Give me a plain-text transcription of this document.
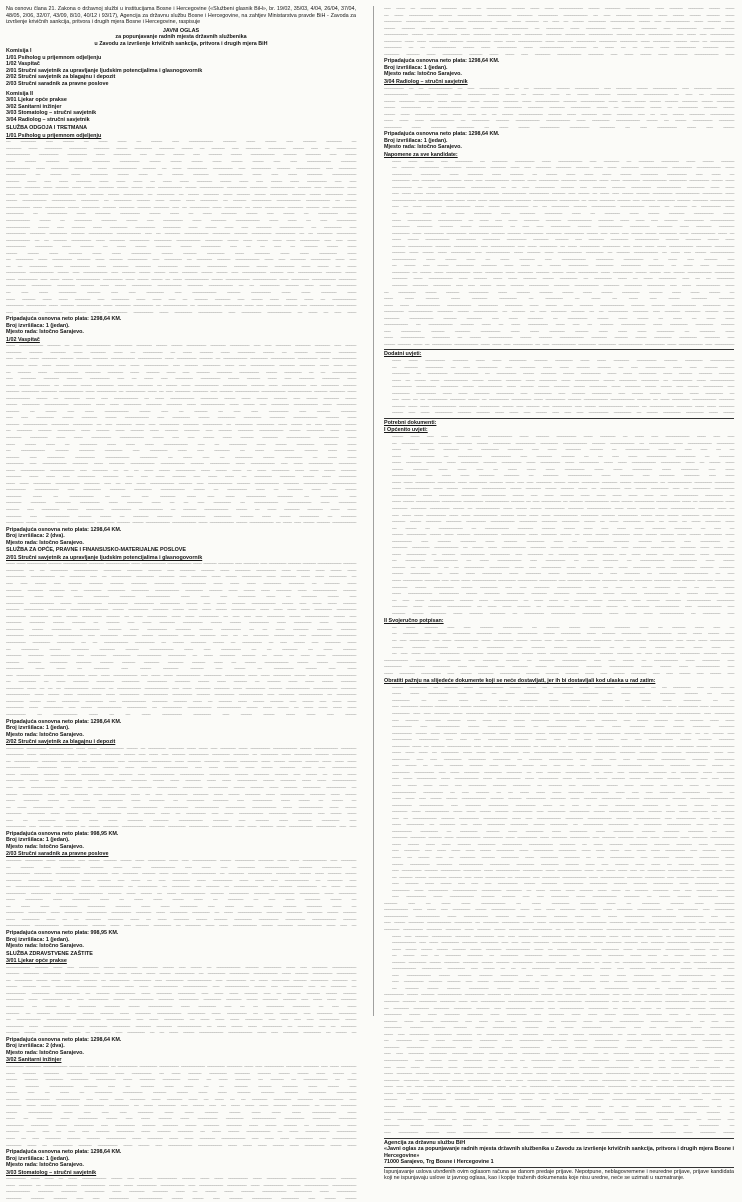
Na osnovu člana 21. Zakona o državnoj službi u institucijama Bosne i Hercegovine («Službeni glasnik BiH», br. 19/02, 35/03, 4/04, 26/04, 37/04, 48/05, 2/06, 32/07, 43/09, 8/10, 40/12 i 93/17), Agencija za državnu službu Bosne i Hercegovine, na zahtjev Ministarstva pravde BiH - Zavoda za izvršenje krivičnih sankcija, pritvora i drugih mjera Bosne i Hercegovine, raspisuje

JAVNI OGLAS

za popunjavanje radnih mjesta državnih službenika

u Zavodu za izvršenje krivičnih sankcija, pritvora i drugih mjera BiH

Komisija I

1/01 Psiholog u prijemnom odjeljenju

1/02 Vaspitač

2/01 Stručni savjetnik za upravljanje ljudskim potencijalima i glasnogovornik

2/02 Stručni savjetnik za blagajnu i depozit

2/03 Stručni saradnik za pravne poslove

Komisija II

3/01 Ljekar opće prakse

3/02 Sanitarni inžinjer

3/03 Stomatolog – stručni savjetnik

3/04 Radiolog – stručni savjetnik

SLUŽBA ODGOJA I TRETMANA

1/01 Psiholog u prijemnom odjeljenju

‒‒ ‒‒‒‒‒‒‒ ‒‒‒ ‒‒‒‒‒ ‒‒ ‒‒‒‒ ‒‒‒‒ ‒‒ ‒‒‒‒‒ ‒‒‒ ‒‒‒‒‒‒‒‒‒‒‒ ‒‒‒‒‒‒ ‒‒‒‒ ‒‒‒‒‒ ‒‒‒ ‒‒‒‒‒‒ ‒‒‒‒‒‒‒ ‒‒
‒‒‒‒‒‒‒ ‒‒‒‒ ‒‒‒‒‒‒‒‒ ‒‒‒‒‒‒‒‒ ‒‒‒‒‒‒‒ ‒‒‒‒‒ ‒‒‒‒‒‒‒‒ ‒‒‒‒‒‒‒ ‒‒‒‒‒ ‒‒ ‒‒‒‒‒‒ ‒‒‒ ‒‒‒‒‒‒‒ ‒‒‒‒‒‒‒‒ ‒‒‒‒‒ ‒‒‒ ‒‒ ‒‒‒‒‒‒‒‒‒
‒‒‒‒‒‒‒‒‒‒‒ ‒‒‒‒‒‒‒‒‒ ‒‒‒‒‒‒‒‒‒ ‒‒‒‒ ‒‒‒‒‒‒‒‒ ‒‒‒ ‒‒‒‒ ‒‒‒‒‒ ‒‒‒ ‒‒‒‒‒‒ ‒‒‒‒‒ ‒‒‒‒‒‒‒‒‒‒‒ ‒‒‒‒‒‒ ‒‒‒‒‒‒‒ ‒‒‒ ‒‒‒‒‒
‒‒‒‒ ‒‒‒‒‒ ‒‒‒‒‒‒ ‒‒‒‒‒‒ ‒‒‒‒‒‒‒‒ ‒‒‒‒‒‒‒‒‒ ‒‒‒‒‒ ‒‒‒‒‒ ‒‒‒‒‒ ‒‒‒‒ ‒‒‒‒‒ ‒‒‒‒‒ ‒‒‒ ‒‒‒ ‒‒‒‒‒‒‒‒‒‒‒ ‒‒‒‒‒‒‒
‒‒‒‒‒‒‒‒‒‒‒ ‒‒‒‒ ‒‒‒‒‒‒‒‒ ‒‒‒‒‒‒‒‒ ‒‒‒‒ ‒‒‒‒‒‒‒‒‒‒‒ ‒‒‒‒‒‒ ‒‒ ‒‒‒‒ ‒‒‒‒‒‒‒‒‒ ‒‒‒‒‒‒‒‒‒ ‒‒‒ ‒‒‒‒‒‒‒‒‒ ‒‒‒‒‒‒ ‒‒‒‒‒‒‒‒‒‒‒ ‒‒‒ ‒‒‒‒‒‒‒‒
‒‒‒‒‒‒‒‒‒ ‒‒ ‒‒‒‒‒ ‒‒‒‒ ‒‒‒‒‒‒‒‒ ‒‒‒‒‒ ‒‒‒‒ ‒‒ ‒‒‒‒‒ ‒‒‒‒‒‒‒ ‒‒‒‒‒‒‒‒‒‒‒ ‒‒‒‒ ‒‒‒ ‒‒‒‒ ‒‒‒‒‒‒‒ ‒‒‒‒‒‒‒‒‒‒‒
‒‒‒‒‒‒ ‒‒‒‒ ‒‒‒ ‒‒‒‒ ‒‒‒‒‒‒‒ ‒‒‒‒ ‒‒‒‒ ‒‒‒‒ ‒‒ ‒‒‒‒ ‒‒‒‒ ‒‒‒‒‒‒‒ ‒‒‒‒‒ ‒‒‒‒ ‒‒‒ ‒‒‒‒‒ ‒‒‒‒ ‒‒‒‒‒‒‒‒‒ ‒‒‒ ‒‒‒
‒‒‒‒‒‒‒ ‒‒‒‒‒‒‒ ‒‒‒‒ ‒‒‒‒‒‒ ‒‒‒‒ ‒‒‒‒‒ ‒‒‒‒‒‒‒ ‒‒‒‒‒ ‒‒‒‒‒ ‒‒‒‒ ‒‒‒‒‒‒‒‒‒‒‒ ‒‒‒‒‒ ‒‒‒‒‒‒‒‒‒‒‒ ‒‒‒‒‒‒‒‒‒ ‒‒‒‒‒‒‒‒ ‒‒‒‒‒‒‒‒‒‒‒ ‒‒‒‒‒‒ ‒‒‒ ‒‒‒‒‒‒‒‒‒ ‒‒‒‒
‒‒‒‒ ‒‒‒‒ ‒‒‒‒‒‒‒ ‒‒‒‒‒‒‒‒‒ ‒‒‒‒ ‒‒‒‒‒‒ ‒‒‒‒‒ ‒‒‒‒‒‒‒‒‒ ‒‒ ‒‒‒‒‒‒‒‒ ‒‒ ‒‒‒‒‒ ‒‒‒‒‒‒‒ ‒‒‒‒ ‒‒‒‒‒‒ ‒‒‒‒‒ ‒‒‒‒‒‒‒‒ ‒‒‒‒‒‒ ‒‒‒‒‒ ‒‒‒‒‒‒‒‒ ‒‒‒‒
‒‒‒‒‒ ‒‒‒‒‒‒‒‒‒‒‒ ‒‒‒‒‒‒‒‒‒‒‒ ‒‒‒‒‒‒‒‒ ‒‒ ‒‒‒‒‒‒‒‒ ‒‒‒‒‒‒ ‒‒‒‒ ‒‒‒‒‒ ‒‒‒‒ ‒‒‒‒‒‒‒‒ ‒‒ ‒‒‒‒‒‒ ‒‒‒‒‒‒‒‒‒ ‒‒‒‒‒‒‒‒‒‒‒ ‒‒‒‒‒‒‒‒‒‒‒ ‒‒ ‒‒‒‒‒
‒‒‒‒‒‒‒‒‒‒‒ ‒‒‒‒ ‒‒‒‒‒‒‒‒‒ ‒‒‒‒‒ ‒‒‒‒‒‒‒‒ ‒‒‒‒‒‒ ‒‒‒‒‒‒‒ ‒‒‒‒‒‒ ‒‒‒‒‒‒‒ ‒‒‒ ‒‒ ‒‒‒‒‒‒‒‒‒ ‒‒‒‒ ‒‒‒‒‒‒‒‒ ‒‒ ‒‒‒‒ ‒‒‒‒‒‒‒‒‒ ‒‒‒‒‒‒‒ ‒‒‒‒‒‒ ‒‒‒ ‒‒‒‒‒‒‒‒‒‒‒
‒‒‒‒‒‒‒‒ ‒‒ ‒‒‒‒‒‒‒‒‒ ‒‒‒‒ ‒‒‒‒‒‒‒ ‒‒‒‒‒‒‒‒‒ ‒‒‒‒‒ ‒‒‒‒ ‒‒ ‒‒‒‒ ‒‒‒‒‒‒‒ ‒‒‒‒‒ ‒‒‒ ‒‒‒‒‒ ‒‒ ‒‒‒‒‒‒‒‒‒ ‒‒‒‒
‒‒‒‒‒‒‒‒‒‒‒ ‒‒‒‒‒ ‒‒ ‒‒‒‒‒‒‒‒ ‒‒‒‒‒‒‒ ‒‒‒‒‒ ‒‒‒ ‒‒‒‒‒‒‒‒‒ ‒‒‒‒ ‒‒‒‒‒‒‒ ‒‒‒‒‒‒‒‒‒‒‒ ‒‒‒‒ ‒‒‒‒ ‒‒ ‒‒‒ ‒‒‒‒‒‒‒‒‒
‒‒‒‒‒‒‒‒‒‒‒ ‒‒‒‒‒ ‒‒‒ ‒‒‒‒‒‒ ‒‒‒‒ ‒‒‒‒‒‒‒‒ ‒‒‒‒‒‒‒‒‒ ‒‒‒‒‒‒‒‒ ‒‒‒‒ ‒‒‒‒‒ ‒‒‒‒ ‒‒‒ ‒‒‒‒‒‒‒ ‒‒‒‒‒‒‒‒‒‒‒ ‒‒ ‒‒‒‒‒‒‒‒ ‒‒‒
‒‒‒‒‒‒‒‒‒ ‒‒‒‒‒‒‒ ‒‒‒‒‒‒‒‒ ‒‒‒‒‒‒ ‒‒‒‒‒‒‒‒‒‒‒ ‒‒‒‒‒‒‒‒‒‒‒ ‒‒‒ ‒‒ ‒‒‒‒‒‒‒ ‒‒‒‒‒‒‒‒‒‒‒ ‒‒‒‒‒‒‒‒ ‒‒‒‒‒‒ ‒‒‒‒‒‒‒‒‒ ‒‒‒‒‒‒‒‒‒ ‒‒ ‒‒ ‒‒‒‒‒‒‒ ‒‒‒‒‒‒‒‒‒
‒‒‒‒‒‒‒‒‒‒‒ ‒‒ ‒‒ ‒‒‒‒‒‒ ‒‒‒‒‒‒‒‒‒ ‒‒‒‒ ‒‒‒‒‒‒‒ ‒‒‒‒‒‒‒‒‒ ‒‒‒‒‒‒‒‒ ‒‒‒‒‒‒‒‒‒‒‒ ‒‒‒‒‒‒‒‒ ‒‒‒‒‒ ‒‒‒‒ ‒‒‒‒‒ ‒‒‒‒ ‒‒‒‒ ‒‒‒‒‒‒‒‒‒ ‒‒‒ ‒‒‒ ‒‒‒‒
‒‒‒‒‒‒‒‒‒ ‒‒‒‒‒‒‒‒ ‒‒‒‒ ‒‒‒‒‒‒ ‒‒ ‒‒‒‒ ‒‒‒‒‒ ‒‒‒‒‒‒‒ ‒‒‒‒‒ ‒‒‒‒‒‒‒‒‒ ‒‒‒ ‒‒ ‒‒ ‒‒‒ ‒‒ ‒‒‒‒‒‒ ‒‒‒‒‒ ‒‒‒‒
‒‒‒‒‒ ‒‒‒‒‒ ‒‒‒‒ ‒‒‒‒‒‒ ‒‒‒‒ ‒‒‒‒ ‒‒‒‒‒‒‒‒‒ ‒‒‒‒‒ ‒‒‒‒‒‒ ‒‒‒‒‒‒‒‒ ‒‒‒‒ ‒‒‒‒‒‒‒ ‒‒‒‒ ‒‒‒‒ ‒‒‒‒‒‒‒‒ ‒‒‒‒
‒‒ ‒‒‒‒‒‒‒‒ ‒‒‒‒ ‒‒‒‒‒‒‒‒‒ ‒‒‒‒‒‒ ‒‒‒‒ ‒‒‒‒‒‒ ‒‒‒‒‒‒‒‒‒ ‒‒‒ ‒‒‒‒‒‒‒‒ ‒‒ ‒‒‒‒‒‒‒ ‒‒‒‒‒‒ ‒‒‒‒‒‒‒‒‒‒‒ ‒‒‒‒ ‒‒‒ ‒‒‒‒‒‒‒ ‒‒‒‒‒‒‒‒‒ ‒‒‒‒ ‒‒‒
‒‒ ‒‒ ‒‒‒‒‒‒‒‒ ‒‒‒‒ ‒‒‒‒‒‒‒‒‒ ‒‒‒‒ ‒‒‒‒‒‒‒ ‒‒‒‒‒‒‒ ‒‒‒‒‒‒‒‒‒ ‒‒‒‒‒‒‒ ‒‒‒‒‒‒‒‒‒ ‒‒‒‒‒‒‒ ‒‒‒‒‒ ‒‒‒‒‒‒‒‒‒ ‒‒‒‒ ‒‒‒‒‒ ‒‒ ‒‒‒‒
‒‒‒‒‒‒‒‒‒ ‒‒‒‒‒‒‒‒‒‒‒ ‒‒‒‒‒ ‒‒‒ ‒‒‒‒‒‒‒‒‒‒‒ ‒‒‒ ‒‒‒‒‒‒ ‒‒‒‒‒ ‒‒‒‒‒ ‒‒‒‒ ‒‒‒‒‒‒‒ ‒‒‒‒‒ ‒‒‒‒‒ ‒‒‒ ‒‒‒‒‒‒‒‒‒‒‒ ‒‒‒‒‒‒ ‒‒‒ ‒‒‒‒‒‒‒‒‒‒‒ ‒‒‒‒‒‒‒ ‒‒‒‒‒
‒‒‒‒ ‒‒‒‒‒‒‒‒‒ ‒‒‒ ‒‒‒‒ ‒‒‒‒‒ ‒‒‒‒‒‒‒‒‒‒‒ ‒‒‒‒‒‒‒‒‒ ‒‒‒‒ ‒‒‒‒‒ ‒‒‒‒‒ ‒‒ ‒‒‒‒ ‒‒‒‒‒‒‒‒‒‒‒ ‒‒‒‒‒ ‒‒‒‒‒‒‒‒‒‒‒ ‒‒‒‒‒‒‒‒‒‒‒ ‒‒‒‒ ‒‒‒‒‒‒‒‒ ‒‒‒‒‒‒‒‒‒‒‒ ‒‒‒‒‒‒‒‒
‒‒‒‒‒‒‒‒‒ ‒‒‒‒‒‒‒‒‒ ‒‒‒‒‒‒‒‒ ‒‒‒‒‒‒ ‒‒‒‒ ‒‒‒‒‒ ‒‒‒‒‒‒‒‒‒ ‒‒‒‒‒‒‒‒‒‒‒ ‒‒‒‒‒‒‒ ‒‒‒‒‒‒‒‒‒‒‒ ‒‒ ‒‒ ‒‒‒‒‒‒‒‒‒ ‒‒‒‒‒‒ ‒‒‒‒ ‒‒‒‒‒ ‒‒‒‒‒‒‒‒‒
‒‒ ‒‒‒ ‒‒‒‒ ‒‒‒‒‒‒‒‒ ‒‒‒‒‒‒ ‒‒‒ ‒‒‒ ‒‒‒‒‒‒‒‒ ‒‒‒ ‒‒‒‒‒‒‒‒‒‒‒ ‒‒‒‒‒‒ ‒‒‒‒‒‒‒‒‒ ‒‒‒‒ ‒‒‒‒ ‒‒‒‒‒‒‒ ‒‒‒‒
‒‒‒‒ ‒‒‒‒‒‒ ‒‒‒‒ ‒‒‒‒ ‒‒‒‒‒‒‒ ‒‒‒ ‒‒‒‒‒‒‒‒ ‒‒‒‒ ‒‒‒‒ ‒‒‒ ‒‒ ‒‒‒‒‒‒ ‒‒‒‒‒‒‒ ‒‒‒ ‒‒‒‒‒ ‒‒‒‒ ‒‒‒‒‒ ‒‒‒‒ ‒‒ ‒‒‒‒‒‒‒‒‒‒‒
‒‒‒‒‒‒‒‒ ‒‒‒‒‒‒‒‒‒ ‒‒‒‒ ‒‒‒‒‒‒ ‒‒‒‒‒‒‒‒‒‒‒ ‒‒‒‒ ‒‒‒‒‒‒‒ ‒‒‒‒‒‒‒‒‒ ‒‒ ‒‒‒‒‒‒‒‒‒‒‒ ‒‒ ‒‒‒‒‒‒‒‒‒‒‒ ‒‒‒‒‒‒‒‒ ‒‒‒‒ ‒‒‒ ‒‒‒‒‒‒‒ ‒‒‒‒‒‒ ‒‒‒ ‒‒‒‒‒‒‒‒‒‒‒ ‒‒‒‒‒‒‒‒‒
‒‒‒ ‒‒‒‒‒‒‒‒‒ ‒‒‒‒‒‒‒‒ ‒‒‒‒‒‒‒‒ ‒‒‒‒ ‒‒‒‒‒‒‒‒‒ ‒‒‒‒‒‒‒‒‒ ‒‒‒‒ ‒‒‒‒‒‒‒‒ ‒‒‒‒‒‒‒‒‒‒‒ ‒‒‒ ‒‒‒‒‒‒‒‒‒ ‒‒‒‒‒‒‒‒‒‒‒ ‒‒ ‒‒‒‒ ‒‒ ‒‒‒ ‒‒‒‒

Pripadajuća osnovna neto plata: 1298,64 KM.

Broj izvršilaca: 1 (jedan).

Mjesto rada: Istočno Sarajevo.

1/02 Vaspitač

‒‒‒‒ ‒‒‒‒‒‒‒‒‒‒‒ ‒‒‒‒‒‒ ‒‒ ‒‒‒‒ ‒‒‒‒‒‒‒‒‒‒‒ ‒‒‒‒‒‒‒‒ ‒‒‒‒‒‒‒ ‒‒‒‒‒ ‒‒‒‒‒ ‒‒‒‒‒‒‒‒‒ ‒‒‒‒‒‒‒ ‒‒‒‒‒‒‒‒‒ ‒‒‒ ‒‒‒ ‒‒‒‒‒‒‒ ‒‒‒‒‒‒‒ ‒‒‒‒‒‒‒ ‒‒‒ ‒‒‒‒‒
‒‒‒‒‒‒‒ ‒‒‒‒‒‒ ‒‒‒‒‒‒‒ ‒‒‒‒ ‒‒‒‒‒‒‒ ‒‒‒‒ ‒‒ ‒‒‒‒‒‒‒‒‒ ‒‒ ‒‒‒‒ ‒‒‒‒‒‒ ‒‒‒‒ ‒‒‒‒‒‒‒‒ ‒‒‒‒‒ ‒‒ ‒‒‒‒‒‒ ‒‒‒‒‒‒‒ ‒‒‒‒‒‒‒‒
‒‒‒ ‒‒‒‒‒ ‒‒‒‒ ‒‒‒‒‒‒‒ ‒‒‒‒‒‒ ‒‒‒‒‒‒ ‒‒‒‒‒‒‒ ‒‒‒‒‒‒‒‒‒‒‒ ‒‒‒‒‒‒‒‒‒‒‒ ‒‒‒‒ ‒‒‒‒‒‒‒‒‒ ‒‒‒‒‒‒ ‒‒ ‒‒‒‒‒‒‒‒‒‒‒ ‒‒‒‒‒‒‒‒ ‒‒‒‒‒‒‒‒‒‒‒ ‒‒‒‒‒‒‒‒‒ ‒‒‒‒ ‒‒‒‒‒‒‒‒‒‒‒
‒‒‒‒‒‒‒‒ ‒‒‒‒ ‒‒‒‒ ‒‒‒‒‒‒ ‒‒‒‒‒‒‒‒ ‒‒‒‒‒‒‒‒ ‒‒‒ ‒‒‒‒ ‒‒‒‒‒‒‒‒‒‒‒ ‒‒‒ ‒‒‒‒‒‒ ‒‒‒‒‒‒‒‒ ‒‒‒‒ ‒‒‒ ‒‒‒‒‒‒‒‒‒‒‒ ‒‒‒‒‒‒‒ ‒‒‒‒‒‒‒ ‒‒‒‒ ‒‒‒‒ ‒‒‒‒
‒‒ ‒‒‒‒‒‒ ‒‒‒‒ ‒‒‒‒‒‒‒‒‒‒‒ ‒‒‒‒‒‒‒ ‒‒‒‒‒‒‒ ‒‒‒‒ ‒‒‒‒‒‒ ‒‒‒‒ ‒‒‒ ‒‒‒‒‒‒ ‒‒‒‒‒‒‒ ‒‒‒‒‒‒‒‒‒ ‒‒‒‒‒ ‒‒‒‒‒‒‒‒ ‒‒ ‒‒ ‒‒‒‒‒‒‒‒‒‒‒
‒‒‒ ‒‒‒‒‒‒‒ ‒‒‒‒‒‒‒ ‒‒‒‒‒‒‒ ‒‒‒‒‒‒‒‒‒ ‒‒‒ ‒‒ ‒‒‒‒ ‒‒‒ ‒‒‒‒‒‒‒‒ ‒‒‒‒‒‒‒‒‒ ‒‒‒‒‒ ‒‒‒‒‒‒ ‒‒‒‒ ‒‒‒ ‒‒‒‒‒‒‒ ‒‒‒‒‒‒‒‒ ‒‒‒‒
‒‒‒‒ ‒‒‒‒‒ ‒‒‒‒‒‒‒ ‒‒ ‒‒‒‒‒‒ ‒‒‒‒‒ ‒‒‒‒‒‒‒‒ ‒‒‒‒‒‒‒ ‒‒‒‒‒‒‒ ‒‒ ‒‒‒‒‒ ‒‒‒‒ ‒‒‒‒‒‒‒‒‒‒‒ ‒‒‒‒‒‒‒‒‒‒‒ ‒‒‒‒‒‒ ‒‒‒‒ ‒‒‒‒‒‒‒‒‒‒‒ ‒‒‒ ‒‒‒‒‒‒‒‒ ‒‒‒‒‒‒
‒‒‒‒‒‒ ‒‒‒‒‒‒‒‒ ‒‒‒‒‒‒‒ ‒‒‒‒‒‒‒‒‒‒‒ ‒‒‒‒ ‒‒‒‒‒‒‒‒‒ ‒‒ ‒‒‒‒‒‒‒‒‒ ‒‒‒‒ ‒‒ ‒‒‒ ‒‒‒‒‒‒‒ ‒‒‒‒‒‒‒ ‒‒‒ ‒‒‒‒‒‒ ‒‒‒‒‒‒‒‒‒‒‒ ‒‒‒‒‒‒‒‒‒‒‒ ‒‒‒‒‒‒‒‒‒‒‒ ‒‒‒‒‒‒ ‒‒‒‒‒‒‒ ‒‒‒‒
‒‒‒‒‒‒‒‒‒‒‒ ‒‒‒‒‒ ‒‒ ‒‒‒‒‒‒‒ ‒‒‒‒ ‒‒‒ ‒‒‒‒‒‒‒‒‒‒‒ ‒‒ ‒‒‒‒ ‒‒‒‒‒‒‒‒‒‒‒ ‒‒‒‒‒‒‒‒ ‒‒‒‒‒ ‒‒‒‒ ‒‒‒‒‒ ‒‒‒‒‒‒ ‒‒‒ ‒‒‒‒‒ ‒‒‒‒‒‒‒ ‒‒‒‒‒
‒‒‒‒‒ ‒‒‒‒‒‒‒‒ ‒‒‒‒‒‒‒‒‒‒‒ ‒‒‒‒‒‒‒‒ ‒‒‒‒ ‒‒‒‒ ‒‒‒‒‒‒‒‒ ‒‒‒‒‒‒‒ ‒‒‒‒‒‒‒ ‒‒‒‒ ‒‒‒‒‒‒‒‒‒‒‒ ‒‒‒‒ ‒‒‒‒‒ ‒‒‒ ‒‒‒‒‒‒‒‒ ‒‒‒‒‒‒‒‒‒‒‒ ‒‒‒‒ ‒‒‒‒‒‒‒‒‒
‒‒‒‒‒‒ ‒‒ ‒‒‒‒‒ ‒‒‒ ‒‒‒‒ ‒‒‒‒‒‒‒‒‒‒‒ ‒‒‒‒‒ ‒‒‒ ‒‒ ‒‒‒‒‒‒ ‒‒ ‒‒‒ ‒‒‒ ‒‒‒‒‒‒‒‒‒ ‒‒‒ ‒‒‒‒‒‒ ‒‒‒‒‒‒‒
‒‒‒ ‒‒‒ ‒‒‒‒‒‒‒‒ ‒‒‒‒‒ ‒‒‒‒‒‒‒ ‒‒‒‒‒ ‒‒‒‒‒‒‒‒‒‒‒ ‒‒‒ ‒‒‒‒‒‒‒‒ ‒‒‒‒‒ ‒‒‒‒‒‒‒‒ ‒‒‒‒‒‒‒‒ ‒‒‒‒‒‒‒ ‒‒‒‒‒‒‒‒‒‒‒ ‒‒‒‒‒‒ ‒‒‒‒
‒‒‒‒‒‒ ‒‒‒‒‒‒‒‒‒‒‒ ‒‒‒‒‒‒‒‒ ‒‒‒‒‒‒‒‒‒ ‒‒ ‒‒‒ ‒‒‒‒‒‒‒ ‒‒‒‒ ‒‒‒ ‒‒‒‒‒‒‒‒‒ ‒‒‒‒‒‒‒ ‒‒‒‒‒‒‒‒‒ ‒‒ ‒‒‒‒‒‒‒‒ ‒‒‒‒‒‒‒‒ ‒‒‒‒ ‒‒‒‒‒ ‒‒ ‒‒‒ ‒‒‒‒‒‒‒ ‒‒‒‒‒
‒‒ ‒‒‒‒‒‒‒ ‒‒‒‒‒‒ ‒‒‒‒‒‒‒‒ ‒‒‒‒ ‒‒‒‒‒‒ ‒‒‒‒ ‒‒‒‒‒‒ ‒‒‒‒ ‒‒‒‒‒‒ ‒‒‒‒‒‒‒ ‒‒‒ ‒‒‒‒‒‒ ‒‒‒‒‒‒‒ ‒‒‒‒‒‒‒‒‒‒‒ ‒‒‒‒‒ ‒‒‒‒‒‒‒‒ ‒‒‒‒ ‒‒‒‒‒
‒‒‒‒‒‒‒ ‒‒‒‒‒‒‒‒ ‒‒‒‒ ‒‒‒‒ ‒‒‒‒‒‒‒‒‒ ‒‒‒‒‒‒‒‒‒‒‒ ‒‒‒‒‒ ‒‒‒ ‒‒‒ ‒‒‒‒‒ ‒‒‒‒ ‒‒‒‒‒‒ ‒‒‒‒‒‒‒ ‒‒‒‒‒‒‒‒‒‒‒ ‒‒‒‒‒‒‒‒‒ ‒‒‒‒
‒‒‒‒ ‒‒‒‒‒ ‒‒‒‒ ‒‒ ‒‒‒‒‒‒‒‒ ‒‒‒‒ ‒‒‒‒ ‒‒‒‒ ‒‒‒‒‒‒‒‒‒‒‒ ‒‒‒ ‒‒ ‒‒‒‒‒‒‒‒ ‒‒‒‒ ‒‒‒‒‒ ‒‒‒‒‒‒‒‒ ‒‒‒‒‒‒ ‒‒‒‒
‒‒ ‒‒‒‒‒‒‒‒‒‒‒ ‒‒‒‒‒‒ ‒‒‒‒‒‒‒ ‒‒‒‒‒‒‒‒ ‒‒‒ ‒‒‒‒‒‒‒‒ ‒‒‒‒ ‒‒‒ ‒‒‒‒‒‒‒ ‒‒ ‒‒‒‒ ‒‒‒‒‒‒‒‒‒ ‒‒‒‒‒‒ ‒‒‒‒ ‒‒‒‒
‒‒‒‒‒‒ ‒‒‒ ‒‒‒‒‒‒‒‒ ‒‒‒‒‒‒‒‒‒ ‒‒‒‒‒‒‒‒‒‒‒ ‒‒‒‒‒‒‒‒ ‒‒ ‒‒‒‒ ‒‒‒ ‒‒ ‒‒‒‒‒‒‒‒ ‒‒‒‒‒ ‒‒‒‒‒‒‒‒ ‒‒ ‒‒‒‒ ‒‒‒‒
‒‒‒‒‒‒‒‒ ‒‒‒ ‒‒‒‒‒‒‒‒‒‒‒ ‒‒‒‒‒‒‒ ‒‒‒‒ ‒‒‒‒‒‒‒ ‒‒‒‒‒‒‒‒‒‒‒ ‒‒‒‒‒‒‒‒‒‒‒ ‒‒‒‒‒‒ ‒‒‒‒‒‒‒‒‒ ‒‒‒‒ ‒‒‒‒‒‒‒‒‒‒‒ ‒‒‒ ‒‒‒‒ ‒‒‒‒‒‒‒‒‒‒‒ ‒‒‒‒‒‒‒‒
‒‒‒‒ ‒‒‒‒‒‒‒‒‒‒‒ ‒‒‒‒‒‒‒‒‒‒‒ ‒‒‒ ‒‒‒‒‒‒‒ ‒‒ ‒‒ ‒‒ ‒‒‒‒ ‒‒‒‒‒ ‒‒‒‒‒‒‒‒‒ ‒‒‒‒ ‒‒‒‒‒ ‒‒‒‒ ‒‒ ‒‒‒‒ ‒‒‒‒‒‒‒‒ ‒‒‒‒ ‒‒‒‒ ‒‒‒‒‒ ‒‒‒‒‒‒‒
‒‒‒‒‒‒‒ ‒‒‒‒ ‒‒‒‒ ‒‒‒ ‒‒‒‒‒‒‒‒ ‒‒‒‒‒‒‒ ‒‒‒ ‒‒‒ ‒‒‒‒ ‒‒‒‒‒‒ ‒‒‒ ‒‒‒‒ ‒‒‒‒ ‒‒ ‒‒‒‒‒‒‒‒ ‒‒‒‒‒‒‒ ‒‒‒‒‒ ‒‒‒‒ ‒‒‒‒‒‒‒‒
‒‒‒‒ ‒‒‒‒ ‒‒‒‒‒‒‒‒ ‒‒‒‒‒‒‒‒‒‒‒ ‒‒‒‒‒‒‒ ‒‒‒ ‒‒ ‒‒‒ ‒‒‒‒ ‒‒‒‒‒‒‒‒‒‒‒ ‒‒‒‒‒‒ ‒‒‒ ‒‒‒‒‒‒‒‒‒‒‒ ‒‒‒‒‒‒ ‒‒‒‒‒‒‒‒‒‒‒ ‒‒‒‒‒‒‒ ‒‒‒‒‒‒‒‒‒‒‒ ‒‒‒‒‒‒‒‒‒‒‒
‒‒‒‒‒‒‒‒‒ ‒‒‒‒‒‒‒‒‒‒‒ ‒‒‒ ‒‒‒‒‒‒‒‒ ‒‒‒‒‒‒‒ ‒‒‒‒‒‒‒‒ ‒‒‒‒‒‒‒‒‒‒‒ ‒‒‒‒‒ ‒‒ ‒‒‒‒‒‒‒‒‒ ‒‒‒‒ ‒‒ ‒‒‒‒‒‒‒ ‒‒‒‒ ‒‒‒ ‒‒‒‒‒
‒‒‒‒‒‒‒ ‒‒‒‒ ‒‒ ‒‒‒‒‒‒‒‒‒‒‒ ‒‒ ‒‒‒‒ ‒‒‒ ‒‒‒‒‒‒‒ ‒‒‒‒ ‒‒‒ ‒‒‒‒ ‒‒‒‒‒‒‒‒‒ ‒‒‒‒‒‒‒ ‒‒ ‒‒‒‒‒‒‒‒ ‒‒‒
‒‒‒‒‒‒‒ ‒‒‒‒‒‒‒ ‒‒‒‒‒‒‒ ‒‒‒‒‒‒‒‒‒ ‒‒‒‒ ‒‒‒‒‒‒‒ ‒‒‒‒ ‒‒ ‒‒ ‒‒‒ ‒‒‒‒‒‒‒‒ ‒‒ ‒‒‒‒‒‒‒‒‒‒‒ ‒‒‒‒‒‒‒‒‒‒‒ ‒‒‒‒ ‒‒‒‒‒‒‒‒
‒‒‒‒‒‒ ‒‒‒ ‒‒‒‒‒‒‒‒ ‒‒‒‒‒ ‒‒‒‒‒‒‒‒ ‒‒‒‒‒‒‒‒‒ ‒‒‒‒‒‒‒‒‒‒‒ ‒‒ ‒‒‒‒‒‒ ‒‒‒‒‒‒‒‒‒‒‒ ‒‒‒‒‒ ‒‒ ‒‒‒‒ ‒‒‒‒‒‒‒ ‒‒‒‒‒‒‒ ‒‒‒‒ ‒‒‒‒
‒‒‒‒‒‒‒ ‒‒‒ ‒‒‒‒‒‒‒‒‒‒‒ ‒‒‒‒‒‒ ‒‒‒‒‒ ‒‒ ‒‒‒‒‒‒‒ ‒‒‒‒‒‒‒ ‒‒‒‒‒‒‒‒‒‒‒ ‒‒‒‒‒‒‒‒ ‒‒‒‒‒‒ ‒‒‒‒ ‒‒‒‒‒ ‒‒‒‒‒‒‒‒‒ ‒‒ ‒‒‒‒‒‒‒
‒‒‒‒‒‒‒‒ ‒‒‒‒‒ ‒‒‒‒‒‒‒ ‒‒‒‒‒ ‒‒‒‒‒‒‒‒‒‒‒ ‒‒‒‒‒‒‒‒ ‒‒‒‒‒‒ ‒‒‒‒‒ ‒‒‒‒‒‒‒‒‒‒‒ ‒‒‒‒‒‒‒‒‒‒‒ ‒‒‒‒ ‒‒‒‒‒‒‒‒‒‒‒ ‒‒‒‒‒ ‒‒‒‒‒‒‒‒‒‒‒ ‒‒ ‒‒‒‒ ‒‒‒ ‒‒‒‒‒ ‒‒‒‒‒‒ ‒‒‒‒‒‒‒‒‒‒‒

Pripadajuća osnovna neto plata: 1298,64 KM.

Broj izvršilaca: 2 (dva).

Mjesto rada: Istočno Sarajevo.

SLUŽBA ZA OPĆE, PRAVNE I FINANSIJSKO-MATERIJALNE POSLOVE

2/01 Stručni savjetnik za upravljanje ljudskim potencijalima i glasnogovornik

‒‒‒‒ ‒‒‒‒ ‒‒‒‒‒‒‒‒‒ ‒‒‒‒‒‒ ‒‒‒‒‒‒‒‒‒‒‒ ‒‒‒‒‒‒‒ ‒‒‒‒‒‒‒‒‒‒‒ ‒‒‒‒ ‒‒‒‒‒‒‒‒‒‒‒ ‒‒‒‒‒‒‒‒‒‒‒ ‒‒‒‒ ‒‒‒‒‒‒ ‒‒‒‒‒‒‒ ‒‒‒ ‒‒‒‒‒‒‒ ‒‒‒ ‒‒‒‒‒‒‒‒ ‒‒‒‒‒‒ ‒‒‒‒‒‒ ‒‒‒‒‒‒‒‒‒‒‒ ‒‒‒‒‒‒
‒‒‒‒‒‒‒‒ ‒‒ ‒‒ ‒‒‒‒‒‒‒‒ ‒‒‒‒‒‒‒‒‒‒‒ ‒‒‒‒‒‒‒‒ ‒‒‒‒‒‒‒ ‒‒‒‒‒‒ ‒‒‒ ‒‒‒‒‒‒‒ ‒‒‒‒‒‒ ‒‒‒‒ ‒‒‒‒‒‒‒ ‒‒‒‒‒‒‒‒‒ ‒‒‒‒ ‒‒‒‒‒‒ ‒‒‒‒ ‒‒‒‒‒ ‒‒‒‒
‒‒‒‒‒‒‒‒‒ ‒‒‒‒‒‒‒‒‒‒‒ ‒‒ ‒‒‒‒‒‒‒ ‒‒‒ ‒‒ ‒‒‒‒‒‒‒‒‒ ‒‒‒‒‒‒‒‒ ‒‒‒‒‒‒‒ ‒‒‒ ‒‒‒‒‒‒‒ ‒‒‒‒ ‒‒‒‒‒ ‒‒‒‒‒‒‒‒‒ ‒‒‒‒ ‒‒‒‒‒‒‒ ‒‒‒‒ ‒‒‒‒ ‒‒‒‒‒‒‒‒ ‒‒
‒‒‒ ‒‒‒ ‒‒‒‒‒ ‒‒‒ ‒‒‒‒‒‒ ‒‒‒‒‒‒ ‒‒‒‒‒‒ ‒‒‒‒‒‒‒ ‒‒‒‒‒‒‒‒‒ ‒‒‒‒‒‒‒‒‒‒‒ ‒‒‒‒ ‒‒‒‒ ‒‒‒‒ ‒‒‒‒‒‒‒‒ ‒‒‒‒‒‒‒ ‒‒ ‒‒‒‒‒‒‒ ‒‒‒‒
‒‒‒‒‒‒‒ ‒‒‒‒‒‒‒ ‒‒‒‒‒‒‒ ‒‒‒ ‒‒‒‒‒‒‒‒ ‒‒‒‒‒‒‒‒ ‒‒‒‒‒‒‒‒ ‒‒‒‒‒‒‒‒‒‒‒ ‒‒‒‒‒‒‒‒ ‒‒‒‒‒‒ ‒‒‒‒ ‒‒‒‒‒ ‒‒‒‒ ‒‒‒‒‒‒‒ ‒‒‒‒ ‒‒‒‒‒‒‒‒‒‒‒ ‒‒‒‒‒‒
‒‒‒‒‒‒‒‒ ‒‒‒‒ ‒‒‒‒ ‒‒‒‒ ‒‒‒‒‒‒‒ ‒‒‒‒‒‒‒ ‒‒‒‒‒‒‒‒‒‒‒ ‒‒‒‒ ‒‒‒‒ ‒‒‒ ‒‒‒‒‒‒‒‒ ‒‒‒‒ ‒‒ ‒‒‒‒‒‒‒ ‒‒‒‒‒ ‒‒‒
‒‒‒‒‒‒‒‒ ‒‒‒‒‒‒‒‒‒‒‒ ‒‒‒‒‒ ‒‒‒‒‒‒‒‒‒‒‒ ‒‒‒‒‒‒‒‒‒ ‒‒‒‒‒‒‒‒‒ ‒‒‒‒‒‒‒‒‒ ‒‒‒‒‒ ‒‒‒ ‒‒‒‒ ‒‒‒‒‒‒ ‒‒‒‒‒‒‒‒‒‒‒ ‒‒‒‒‒ ‒‒‒ ‒‒‒‒ ‒‒‒‒ ‒‒‒‒‒‒
‒‒‒‒‒‒ ‒‒‒‒‒‒‒‒‒ ‒‒‒‒‒‒‒‒ ‒‒‒‒‒‒‒‒‒ ‒‒‒‒‒‒ ‒‒‒‒‒ ‒‒‒‒‒‒‒‒‒ ‒‒‒‒‒‒‒ ‒‒‒‒‒ ‒‒‒‒ ‒‒‒‒ ‒‒‒‒‒ ‒‒‒‒‒‒‒‒‒‒‒ ‒‒‒‒ ‒‒‒‒ ‒‒‒‒ ‒‒‒‒ ‒‒‒‒‒‒‒‒ ‒‒‒‒‒‒‒‒‒
‒‒‒‒‒‒‒‒‒ ‒‒‒‒‒‒‒‒ ‒‒‒‒ ‒‒‒‒‒ ‒‒‒‒‒‒‒‒‒ ‒‒‒‒‒‒ ‒‒ ‒‒‒‒ ‒‒‒‒‒‒‒‒‒ ‒‒‒‒ ‒‒‒‒ ‒‒‒‒‒‒‒‒‒ ‒‒ ‒‒‒ ‒‒‒ ‒‒‒ ‒‒‒‒‒‒‒‒ ‒‒‒‒‒ ‒‒‒‒‒‒‒‒‒‒‒ ‒‒‒‒‒ ‒‒‒
‒‒‒‒‒‒‒ ‒‒‒‒‒‒‒ ‒‒‒‒‒ ‒‒‒‒‒‒ ‒‒ ‒‒‒‒‒‒ ‒‒‒ ‒‒‒‒ ‒‒‒‒‒‒‒ ‒‒‒‒‒‒‒‒‒ ‒‒‒‒‒ ‒‒‒‒‒ ‒‒‒‒‒‒‒‒‒ ‒‒‒‒ ‒‒‒‒‒‒‒‒ ‒‒‒‒ ‒‒‒‒‒‒‒‒‒
‒‒‒‒‒‒‒‒ ‒‒‒‒‒ ‒‒‒‒‒‒‒‒‒ ‒‒‒‒‒‒‒‒‒ ‒‒‒‒‒‒ ‒‒‒‒ ‒‒‒‒‒‒‒‒‒ ‒‒‒‒‒‒‒ ‒‒‒‒‒‒ ‒‒‒‒‒‒‒‒‒ ‒‒ ‒‒ ‒‒‒‒ ‒‒‒‒‒‒‒ ‒‒‒‒‒‒‒ ‒‒‒‒‒‒‒
‒‒‒‒‒‒‒‒ ‒‒‒‒‒‒‒‒‒‒‒ ‒‒‒‒‒‒‒‒‒‒‒ ‒‒‒ ‒‒‒‒‒‒‒‒ ‒‒‒‒‒‒ ‒‒‒‒‒ ‒‒‒‒‒‒‒‒‒ ‒‒‒‒‒ ‒‒‒‒‒‒‒ ‒‒‒ ‒‒ ‒‒ ‒‒‒‒‒‒‒ ‒‒‒‒‒‒‒‒‒ ‒‒‒ ‒‒‒‒‒‒‒‒‒ ‒‒‒‒‒‒‒‒‒
‒‒‒‒‒‒‒‒‒ ‒‒‒‒‒‒‒‒ ‒‒‒‒‒‒‒‒ ‒‒ ‒‒ ‒‒‒‒‒‒‒‒‒‒‒ ‒‒‒‒‒‒‒‒‒ ‒‒ ‒‒‒‒‒ ‒‒‒‒‒‒‒ ‒‒‒‒‒ ‒‒ ‒‒‒‒‒‒‒‒‒ ‒‒ ‒‒‒ ‒‒‒‒‒ ‒‒‒ ‒‒‒‒‒‒‒ ‒‒‒‒
‒‒ ‒‒‒‒‒‒‒‒ ‒‒‒‒‒ ‒‒‒‒‒‒‒‒ ‒‒‒‒‒‒‒ ‒‒‒‒‒‒ ‒‒‒‒‒‒‒‒‒‒‒ ‒‒‒‒ ‒‒‒ ‒‒‒‒‒‒‒‒‒ ‒‒ ‒‒ ‒‒‒‒‒‒‒ ‒‒ ‒‒‒‒ ‒‒‒‒‒‒
‒‒‒‒‒‒‒ ‒‒‒‒‒‒‒ ‒‒‒‒‒‒‒‒‒ ‒‒‒ ‒‒‒‒‒‒‒ ‒‒‒‒‒‒‒‒ ‒‒‒‒‒‒‒‒‒‒‒ ‒‒‒‒‒‒‒‒ ‒‒ ‒‒‒‒ ‒‒‒‒‒‒‒ ‒‒‒‒‒‒ ‒‒ ‒‒‒‒ ‒‒ ‒‒‒‒ ‒‒‒‒ ‒‒‒‒‒‒‒‒‒‒‒
‒‒‒‒‒‒ ‒‒‒‒‒‒ ‒‒‒‒‒‒‒‒ ‒‒‒‒‒‒‒ ‒‒‒‒‒‒ ‒‒‒‒‒‒ ‒‒‒‒‒‒‒ ‒‒‒‒‒‒‒ ‒‒‒‒‒‒ ‒‒‒‒ ‒‒ ‒‒‒‒‒ ‒‒‒‒‒‒‒‒‒‒‒ ‒‒‒‒‒ ‒‒‒‒‒ ‒‒‒‒‒‒‒‒‒
‒‒‒‒‒‒‒‒ ‒‒‒‒ ‒‒‒‒ ‒‒ ‒‒‒‒‒‒‒ ‒‒‒ ‒‒‒‒‒ ‒‒‒‒‒‒‒ ‒‒‒‒‒‒ ‒‒‒ ‒‒‒‒‒ ‒‒ ‒‒‒‒‒‒‒‒‒ ‒‒‒‒‒ ‒‒‒ ‒‒‒‒
‒‒‒ ‒‒‒‒‒‒‒‒‒‒‒ ‒‒‒‒‒‒‒‒‒ ‒‒‒‒‒‒‒‒ ‒‒‒‒ ‒‒‒‒ ‒‒‒‒‒‒‒‒‒‒‒ ‒‒‒ ‒‒‒‒ ‒‒‒‒ ‒‒‒‒‒‒‒‒‒‒‒ ‒‒‒‒‒‒‒‒ ‒‒‒‒‒‒‒‒‒ ‒‒‒‒ ‒‒‒‒ ‒‒‒‒‒‒‒‒ ‒‒‒‒‒ ‒‒‒‒‒‒‒‒‒‒‒ ‒‒‒‒‒‒‒‒‒
‒‒ ‒‒‒‒‒‒‒‒ ‒‒ ‒‒‒‒ ‒‒‒‒‒‒‒ ‒‒‒‒‒‒‒‒ ‒‒‒‒‒‒‒‒ ‒‒‒‒‒‒‒‒‒ ‒‒‒‒‒‒‒ ‒‒‒‒‒ ‒‒‒‒ ‒‒‒‒‒‒ ‒‒ ‒‒‒‒‒‒ ‒‒‒‒ ‒‒‒‒ ‒‒‒‒‒ ‒‒‒‒‒‒‒
‒‒‒‒‒‒‒‒ ‒‒‒‒ ‒‒ ‒‒ ‒‒ ‒‒‒‒‒‒‒‒‒‒‒ ‒‒‒‒‒‒ ‒‒ ‒‒‒‒‒‒‒‒‒‒‒ ‒‒‒‒‒‒‒‒‒‒‒ ‒‒‒ ‒‒‒‒ ‒‒‒‒‒‒‒ ‒‒‒‒‒‒‒ ‒‒‒‒ ‒‒‒‒‒‒‒‒‒ ‒‒‒‒‒‒ ‒‒‒‒‒‒‒‒‒‒‒ ‒‒‒‒‒‒‒‒‒‒‒ ‒‒‒‒‒‒‒
‒‒‒‒‒‒‒‒‒‒‒ ‒‒‒‒ ‒‒‒‒‒ ‒‒‒‒ ‒‒‒‒‒‒‒‒‒‒‒ ‒‒‒‒ ‒‒‒‒‒‒‒‒‒ ‒‒‒‒‒‒‒‒‒‒‒ ‒‒‒‒‒‒‒‒‒ ‒‒‒‒‒‒ ‒‒‒‒‒‒‒‒‒ ‒‒‒‒‒‒‒‒‒‒‒ ‒‒‒ ‒‒‒‒‒‒‒ ‒‒‒‒‒‒‒‒‒‒‒ ‒‒ ‒‒‒‒‒‒‒‒‒
‒‒‒‒‒‒‒‒ ‒‒‒‒‒ ‒‒‒‒ ‒‒‒‒‒‒‒‒ ‒‒‒‒‒‒‒‒ ‒‒‒ ‒‒‒‒‒‒‒‒‒‒‒ ‒‒‒‒‒‒‒ ‒‒‒‒‒‒ ‒‒‒‒ ‒‒ ‒‒‒‒‒‒ ‒‒‒‒ ‒‒‒‒‒ ‒‒‒‒‒‒ ‒‒‒ ‒‒‒‒‒ ‒‒‒ ‒‒‒‒ ‒‒‒‒
‒‒‒‒‒‒‒‒ ‒‒‒‒ ‒‒‒‒‒‒‒‒‒ ‒‒‒ ‒‒‒‒‒ ‒‒‒‒‒‒‒‒‒‒‒ ‒‒‒‒‒‒‒‒‒ ‒‒ ‒‒‒‒‒‒‒‒‒ ‒‒‒‒‒‒‒‒‒‒‒ ‒‒‒‒‒‒‒‒‒‒‒ ‒‒‒‒‒ ‒‒‒‒ ‒‒‒‒‒ ‒‒ ‒‒‒‒ ‒‒‒‒ ‒‒‒‒ ‒‒‒‒
‒‒‒‒‒‒‒‒‒ ‒‒ ‒‒‒‒‒‒‒‒‒‒‒ ‒‒‒‒ ‒‒ ‒‒ ‒‒‒‒ ‒‒‒‒‒‒‒‒‒ ‒‒‒‒‒‒‒‒ ‒‒‒ ‒‒‒‒‒ ‒‒‒‒‒ ‒‒‒‒ ‒‒‒‒ ‒‒‒ ‒‒‒‒‒

Pripadajuća osnovna neto plata: 1298,64 KM.

Broj izvršilaca: 1 (jedan).

Mjesto rada: Istočno Sarajevo.

2/02 Stručni savjetnik za blagajnu i depozit

‒‒‒‒‒‒‒‒ ‒‒‒‒‒‒‒‒‒ ‒‒‒‒‒‒‒‒‒‒‒ ‒‒‒‒ ‒‒‒‒ ‒‒‒‒‒‒‒‒‒‒‒ ‒‒‒‒‒ ‒‒ ‒‒‒‒‒‒‒‒ ‒‒‒‒‒‒‒ ‒‒‒‒ ‒‒‒‒ ‒‒‒ ‒‒‒‒‒‒‒ ‒‒‒‒ ‒‒‒‒‒‒‒‒‒ ‒‒‒‒‒‒‒‒‒‒‒ ‒‒‒‒‒ ‒‒‒‒‒‒‒‒‒‒‒ ‒‒‒‒‒‒‒
‒‒‒‒‒‒‒‒ ‒‒‒‒ ‒‒‒‒‒‒‒‒‒‒‒ ‒‒‒ ‒‒‒‒ ‒‒‒‒‒ ‒‒‒‒‒‒‒ ‒‒‒‒‒ ‒‒‒ ‒‒‒‒ ‒‒‒ ‒‒‒‒‒‒ ‒‒‒‒‒‒‒‒‒ ‒‒‒‒‒‒‒‒ ‒‒‒‒‒‒‒ ‒‒ ‒‒‒‒‒‒‒‒ ‒‒‒‒ ‒‒‒‒‒‒‒‒ ‒‒‒‒‒‒ ‒‒‒‒‒‒‒‒‒‒‒
‒‒ ‒‒‒‒‒‒‒‒‒‒‒ ‒‒‒‒‒‒‒ ‒‒‒‒‒‒‒‒ ‒‒ ‒‒‒‒‒‒‒‒‒‒‒ ‒‒‒ ‒‒‒‒‒‒‒‒‒ ‒‒‒‒‒‒‒‒‒ ‒‒‒‒ ‒‒‒‒‒‒ ‒‒‒‒‒‒‒ ‒‒‒‒‒‒ ‒‒‒‒‒‒‒‒ ‒‒‒‒ ‒‒‒‒‒ ‒‒‒‒‒‒ ‒‒‒‒‒‒ ‒‒‒‒ ‒‒‒‒ ‒‒‒‒
‒‒‒‒‒‒‒‒‒‒‒ ‒‒‒‒‒‒‒‒‒ ‒‒‒ ‒‒‒‒‒‒‒‒ ‒‒‒‒‒‒‒ ‒‒‒‒ ‒‒‒‒‒‒‒ ‒‒‒‒‒‒‒‒‒‒‒ ‒‒‒ ‒‒‒‒ ‒‒‒‒‒‒ ‒‒‒‒ ‒‒‒‒‒ ‒‒‒‒‒‒‒ ‒‒‒‒ ‒‒‒ ‒‒‒‒‒‒‒‒‒‒‒
‒‒‒‒ ‒‒‒‒‒‒‒‒ ‒‒‒‒‒‒‒ ‒‒‒‒‒ ‒‒‒‒‒‒‒‒ ‒‒‒‒ ‒‒‒‒‒‒ ‒‒‒ ‒‒‒‒‒‒‒‒‒‒‒ ‒‒‒‒‒‒‒‒‒‒‒ ‒‒‒‒‒‒‒‒‒ ‒‒‒‒‒‒ ‒‒‒‒‒‒‒ ‒‒‒‒‒‒ ‒‒‒ ‒‒‒‒‒ ‒‒ ‒‒‒‒ ‒‒‒‒
‒‒‒‒‒‒‒‒ ‒‒‒‒ ‒‒‒‒‒‒ ‒‒‒‒‒‒‒‒ ‒‒‒‒‒‒‒‒ ‒‒‒‒‒‒ ‒‒‒‒‒‒‒ ‒‒‒‒‒ ‒‒‒‒ ‒‒‒‒‒‒‒ ‒‒‒‒ ‒‒‒‒ ‒‒‒‒‒‒‒‒‒ ‒‒‒‒‒ ‒‒‒‒‒‒‒ ‒‒‒‒ ‒‒‒‒ ‒‒‒‒‒‒‒‒‒‒‒
‒‒‒ ‒‒‒ ‒‒‒‒‒‒‒‒‒‒‒ ‒‒‒ ‒‒‒‒ ‒‒ ‒‒‒‒‒‒‒ ‒‒‒‒‒‒ ‒‒‒‒‒‒ ‒‒‒‒‒‒‒‒‒ ‒‒‒‒‒‒‒‒‒ ‒‒‒‒‒‒‒‒‒ ‒‒‒‒‒ ‒‒‒‒‒‒ ‒‒‒‒ ‒‒‒‒‒‒ ‒‒‒‒‒‒‒‒ ‒‒‒‒‒‒‒‒‒ ‒‒
‒‒‒‒‒ ‒‒‒‒‒‒‒‒‒ ‒‒‒ ‒‒‒‒ ‒‒‒‒‒‒ ‒‒‒‒ ‒‒‒‒‒‒‒‒ ‒‒‒‒ ‒‒ ‒‒‒ ‒‒‒‒‒‒‒‒‒ ‒‒‒‒‒‒‒ ‒‒‒‒ ‒‒‒‒‒ ‒‒‒‒‒‒‒ ‒‒‒‒ ‒‒‒‒‒‒‒‒‒‒‒ ‒‒‒‒‒‒‒ ‒‒‒‒ ‒‒‒‒‒
‒‒‒‒ ‒‒‒‒‒‒‒ ‒‒‒‒‒ ‒‒‒ ‒‒‒ ‒‒‒‒‒‒‒‒‒‒‒ ‒‒‒‒ ‒‒‒‒‒‒‒ ‒‒ ‒‒‒‒‒‒‒‒ ‒‒‒‒‒‒‒ ‒‒‒ ‒‒‒‒‒‒‒‒‒ ‒‒‒‒ ‒‒‒‒‒ ‒‒ ‒‒‒‒‒ ‒‒
‒‒ ‒‒‒‒ ‒‒‒‒‒‒‒‒‒ ‒‒ ‒‒‒‒‒‒‒‒‒‒‒ ‒‒‒‒ ‒‒‒‒ ‒‒‒‒‒‒‒‒‒‒‒ ‒‒‒‒‒‒‒‒‒‒‒ ‒‒‒‒‒‒‒‒‒‒‒ ‒‒‒‒‒‒‒‒‒ ‒‒‒‒‒‒‒‒‒‒‒ ‒‒‒‒ ‒‒‒‒‒‒‒‒‒‒‒ ‒‒‒‒ ‒‒‒‒‒
‒‒‒‒‒‒‒ ‒‒‒‒‒‒‒‒ ‒‒‒‒ ‒‒‒‒‒ ‒‒‒‒ ‒‒‒‒‒‒‒‒‒‒‒ ‒‒‒‒‒ ‒‒‒‒‒ ‒‒‒‒ ‒‒ ‒‒‒‒‒‒‒‒‒ ‒‒‒ ‒‒‒‒ ‒‒‒‒‒‒‒‒‒‒‒ ‒‒‒‒‒‒‒‒ ‒‒‒‒‒‒‒‒‒ ‒‒‒ ‒‒‒‒‒ ‒‒‒‒
‒‒‒ ‒‒ ‒‒‒‒‒‒‒‒ ‒‒‒‒‒‒ ‒‒‒‒ ‒‒‒‒ ‒‒‒‒‒‒‒ ‒‒‒‒‒‒‒ ‒‒‒‒‒‒‒‒‒‒‒ ‒‒‒‒‒‒‒ ‒‒‒ ‒‒‒‒‒‒ ‒‒‒‒ ‒‒‒‒‒‒ ‒‒‒‒‒‒‒‒ ‒‒‒
‒‒‒‒‒‒‒‒‒ ‒‒‒ ‒‒‒‒‒ ‒‒‒‒ ‒‒‒‒‒ ‒‒ ‒‒‒‒‒ ‒‒‒‒‒‒‒ ‒‒‒‒‒‒‒‒‒‒‒ ‒‒‒‒‒‒‒ ‒‒‒‒‒‒‒‒ ‒‒‒‒‒‒‒‒‒ ‒‒‒‒‒‒‒‒‒ ‒‒‒‒ ‒‒‒‒ ‒‒‒‒‒‒ ‒‒‒‒ ‒‒‒‒‒‒‒‒‒‒‒ ‒‒‒‒‒‒‒‒‒ ‒‒‒ ‒‒‒

Pripadajuća osnovna neto plata: 998,95 KM.

Broj izvršilaca: 1 (jedan).

Mjesto rada: Istočno Sarajevo.

2/03 Stručni saradnik za pravne poslove

‒‒‒‒‒‒‒ ‒‒‒‒‒‒‒‒ ‒‒‒‒ ‒‒‒‒‒‒‒ ‒‒‒ ‒‒‒‒‒ ‒‒‒‒‒‒ ‒‒‒‒‒ ‒‒‒‒ ‒‒‒‒‒‒‒‒ ‒‒‒‒ ‒‒‒ ‒‒‒‒‒‒‒‒‒‒‒ ‒‒‒‒‒ ‒‒‒‒‒‒‒‒‒ ‒‒‒‒‒‒‒ ‒‒‒‒ ‒‒‒‒ ‒‒‒‒‒‒‒‒‒‒‒ ‒‒‒ ‒‒‒‒‒‒‒
‒‒ ‒‒‒‒‒‒ ‒‒‒ ‒‒‒‒‒‒‒‒‒ ‒‒‒‒‒‒ ‒‒‒‒ ‒‒‒‒ ‒‒‒‒‒‒‒‒‒‒‒ ‒‒‒ ‒‒‒‒ ‒‒‒ ‒‒‒‒‒‒‒‒ ‒‒‒‒‒‒‒‒‒‒‒ ‒‒‒‒‒‒ ‒‒‒‒‒‒‒‒‒ ‒‒
‒‒‒‒‒‒‒‒‒‒‒ ‒‒‒‒‒‒‒‒ ‒‒‒‒‒‒‒‒‒‒‒ ‒‒‒‒‒‒‒‒‒‒‒ ‒‒‒ ‒‒‒‒‒‒‒ ‒‒‒‒‒‒ ‒‒‒‒ ‒‒‒‒‒‒‒ ‒‒‒‒‒‒‒‒‒‒‒ ‒‒ ‒‒‒‒‒‒‒ ‒‒‒‒‒‒‒‒‒‒‒ ‒‒‒‒‒‒‒‒‒ ‒‒‒‒‒ ‒‒‒‒ ‒‒‒‒‒‒ ‒‒‒‒‒
‒‒‒‒‒‒‒ ‒‒‒‒‒‒‒‒‒‒‒ ‒‒‒‒‒‒‒ ‒‒‒‒ ‒‒‒‒‒‒ ‒‒‒ ‒‒‒‒ ‒‒ ‒‒‒ ‒‒‒‒‒‒‒‒ ‒‒‒‒ ‒‒‒‒‒‒‒‒‒ ‒‒‒‒ ‒‒‒‒ ‒‒‒ ‒‒‒‒‒‒‒‒‒‒‒ ‒‒ ‒‒‒‒‒‒‒ ‒‒‒
‒‒ ‒‒‒‒‒‒‒‒‒‒‒ ‒‒‒‒‒‒‒‒ ‒‒‒‒ ‒‒‒‒‒‒ ‒‒‒‒‒‒‒‒‒‒‒ ‒‒ ‒‒‒‒‒‒‒‒‒ ‒‒ ‒‒‒‒‒‒‒‒ ‒‒‒ ‒‒‒‒‒‒ ‒‒ ‒‒‒‒‒‒‒‒‒‒‒ ‒‒‒‒‒ ‒‒‒‒‒‒ ‒‒‒‒‒‒‒‒‒ ‒‒ ‒‒‒‒ ‒‒‒‒‒
‒‒‒‒‒‒‒‒‒ ‒‒‒‒‒‒‒‒‒ ‒‒‒‒‒‒‒‒ ‒‒‒‒‒‒‒‒‒‒‒ ‒‒‒‒‒‒ ‒‒‒‒ ‒‒‒‒‒ ‒‒ ‒‒‒‒ ‒‒‒‒‒‒‒‒‒‒‒ ‒‒‒‒‒‒ ‒‒‒‒‒‒‒‒‒ ‒‒‒‒‒‒‒ ‒‒‒‒‒‒‒‒‒ ‒‒‒‒‒‒‒‒‒ ‒‒‒‒ ‒‒‒‒‒‒‒‒
‒‒‒‒ ‒‒‒‒‒‒‒‒ ‒‒‒‒ ‒‒‒‒‒‒‒‒ ‒‒‒‒ ‒‒ ‒‒‒‒ ‒‒‒‒ ‒‒‒‒‒ ‒‒‒‒ ‒‒ ‒‒‒‒‒‒‒ ‒‒ ‒‒‒ ‒‒‒‒ ‒‒‒‒‒‒‒ ‒‒‒‒‒ ‒‒
‒‒ ‒‒‒‒ ‒‒‒‒ ‒‒‒‒‒‒‒‒ ‒‒‒‒‒‒‒‒ ‒‒‒‒‒‒‒ ‒‒‒‒ ‒‒‒‒ ‒‒‒‒‒‒‒‒ ‒‒‒ ‒‒‒‒ ‒‒‒‒ ‒‒‒‒ ‒‒‒‒‒‒ ‒‒‒‒‒‒‒ ‒‒‒‒ ‒‒
‒‒‒‒‒‒‒‒ ‒‒‒‒‒‒‒‒ ‒‒‒‒ ‒‒‒‒‒‒‒‒ ‒‒‒‒‒‒‒‒‒ ‒‒‒‒‒‒‒‒‒ ‒‒‒‒‒‒‒ ‒‒‒‒ ‒‒‒‒‒‒‒‒ ‒‒‒‒‒‒‒‒ ‒‒ ‒‒‒‒ ‒‒‒‒‒‒‒‒‒‒‒ ‒‒‒‒‒‒‒ ‒‒‒‒‒‒‒ ‒‒‒‒‒‒‒ ‒‒‒‒‒ ‒‒‒‒‒‒
‒‒‒‒ ‒‒‒‒‒‒‒‒ ‒‒‒‒ ‒‒ ‒‒ ‒‒‒‒‒‒‒ ‒‒‒‒‒‒‒ ‒‒‒‒ ‒‒ ‒‒‒‒ ‒‒‒‒‒‒‒ ‒‒‒‒‒ ‒‒‒‒‒‒ ‒‒‒‒‒‒‒‒ ‒‒‒‒‒‒‒‒‒ ‒‒‒‒‒‒‒‒‒ ‒‒‒‒‒‒‒‒‒‒‒ ‒‒‒‒‒‒
‒‒‒‒‒‒‒‒‒‒‒ ‒‒‒‒‒‒‒‒‒‒‒ ‒‒‒‒‒‒‒‒‒‒‒ ‒‒‒‒‒‒ ‒‒‒‒ ‒‒‒ ‒‒‒‒‒‒ ‒‒‒‒‒‒‒‒ ‒‒ ‒‒‒‒‒‒‒ ‒‒‒‒ ‒‒‒‒ ‒‒‒‒‒‒‒‒‒‒‒ ‒‒‒‒‒ ‒‒‒‒‒‒‒ ‒‒‒‒‒‒‒‒‒‒‒ ‒‒‒‒ ‒‒‒ ‒‒

Pripadajuća osnovna neto plata: 998,95 KM.

Broj izvršilaca: 1 (jedan).

Mjesto rada: Istočno Sarajevo.

SLUŽBA ZDRAVSTVENE ZAŠTITE

3/01 Ljekar opće prakse

‒‒‒‒‒‒‒‒‒‒‒ ‒‒‒‒‒‒ ‒‒‒‒ ‒‒‒ ‒‒‒‒‒‒‒‒‒ ‒‒‒‒‒ ‒‒‒‒‒‒‒‒ ‒‒‒‒‒‒‒ ‒‒‒‒‒ ‒‒‒ ‒‒‒‒‒ ‒‒ ‒‒‒‒‒‒‒‒‒‒‒ ‒‒‒‒‒‒ ‒‒‒‒‒‒‒‒ ‒‒‒‒ ‒‒‒ ‒‒‒‒‒‒‒ ‒‒‒‒‒‒‒‒‒‒‒
‒‒‒‒‒‒ ‒‒‒‒‒‒‒ ‒‒‒‒‒‒‒‒ ‒‒‒‒‒‒‒‒‒‒‒ ‒‒‒ ‒‒‒‒ ‒‒‒‒ ‒‒‒‒‒ ‒‒‒‒ ‒‒‒‒‒ ‒‒‒‒‒‒‒‒‒ ‒‒ ‒‒‒‒‒‒‒‒ ‒‒‒‒‒‒‒‒‒ ‒‒‒‒‒‒‒‒‒‒‒ ‒‒‒‒ ‒‒‒‒‒‒ ‒‒‒‒‒‒‒‒‒ ‒‒‒‒‒‒‒‒‒
‒‒ ‒‒‒‒‒‒‒‒ ‒‒‒‒‒ ‒‒‒‒ ‒‒‒‒‒‒‒ ‒‒‒‒‒‒ ‒‒ ‒‒‒‒‒‒‒‒‒ ‒‒‒‒‒‒‒‒ ‒‒‒ ‒‒‒‒‒‒‒‒ ‒‒‒‒‒‒‒‒‒‒‒ ‒‒‒ ‒‒‒‒‒‒‒‒‒ ‒‒ ‒‒‒‒ ‒‒‒‒‒‒‒‒ ‒‒‒‒‒‒ ‒‒‒‒‒‒‒‒ ‒‒‒‒‒‒‒ ‒‒
‒‒‒‒‒ ‒‒‒‒‒‒ ‒‒‒‒ ‒‒‒‒‒‒‒ ‒‒‒‒‒‒‒‒‒ ‒‒‒‒‒‒‒‒ ‒‒‒‒ ‒‒‒‒ ‒‒‒‒‒‒‒‒‒‒‒ ‒‒‒‒‒‒‒‒‒‒‒ ‒‒‒ ‒‒‒‒‒‒‒‒‒‒‒ ‒‒‒‒‒ ‒‒‒ ‒‒‒‒‒‒‒‒‒ ‒‒‒ ‒‒ ‒‒‒‒‒‒‒ ‒‒
‒‒‒‒‒‒‒‒‒ ‒‒‒‒‒‒‒‒ ‒‒‒‒‒‒‒‒‒‒‒ ‒‒ ‒‒‒‒‒‒ ‒‒‒‒‒‒‒‒‒ ‒‒‒‒ ‒‒‒‒‒‒‒ ‒‒‒‒‒‒‒‒ ‒‒‒ ‒‒‒‒ ‒‒‒‒ ‒‒‒‒‒‒ ‒‒‒ ‒‒ ‒‒‒‒‒‒ ‒‒‒‒‒‒ ‒‒‒‒‒ ‒‒‒‒‒‒
‒‒‒‒‒‒‒‒ ‒‒‒‒ ‒‒‒‒‒‒‒‒‒ ‒‒ ‒‒‒ ‒‒‒‒‒‒‒‒‒ ‒‒‒‒‒ ‒‒‒‒‒‒‒‒‒‒‒ ‒‒‒‒‒‒‒ ‒‒‒‒‒‒‒‒‒ ‒‒‒‒‒‒‒‒ ‒‒‒‒‒‒‒ ‒‒‒‒‒ ‒‒‒‒‒‒‒ ‒‒‒‒‒‒ ‒‒‒ ‒‒‒‒ ‒‒‒‒ ‒‒‒‒‒‒‒
‒‒‒‒‒‒‒‒ ‒‒ ‒‒‒‒‒ ‒‒ ‒‒‒‒‒‒‒‒ ‒‒‒‒‒‒‒ ‒‒‒‒‒ ‒‒‒‒‒‒‒‒‒‒‒ ‒‒‒‒ ‒‒‒‒‒‒‒‒ ‒‒‒ ‒‒ ‒‒ ‒‒‒‒‒‒‒‒ ‒‒‒‒‒‒‒‒ ‒‒ ‒‒‒ ‒‒‒‒
‒‒‒‒‒‒ ‒‒ ‒‒‒‒‒‒ ‒‒‒‒‒‒‒‒‒ ‒‒‒‒‒ ‒‒‒‒‒‒ ‒‒‒‒ ‒‒‒‒‒‒‒ ‒‒‒‒‒‒‒‒‒‒‒ ‒‒‒‒‒‒‒‒ ‒‒‒‒ ‒‒‒‒‒‒‒‒‒ ‒‒ ‒‒‒‒ ‒‒‒‒‒‒‒‒ ‒‒‒ ‒‒‒‒‒‒‒ ‒‒‒‒‒‒‒‒
‒‒ ‒‒‒‒‒‒‒‒‒‒‒ ‒‒‒‒‒‒‒‒‒‒‒ ‒‒‒‒‒‒‒‒‒‒‒ ‒‒‒‒‒‒‒‒‒‒‒ ‒‒‒ ‒‒‒‒ ‒‒‒‒‒‒‒‒‒ ‒‒ ‒‒‒‒ ‒‒‒‒ ‒‒‒‒ ‒‒‒‒‒‒‒‒ ‒‒‒ ‒‒‒ ‒‒‒ ‒‒‒ ‒‒‒‒‒‒‒‒‒ ‒‒‒‒‒
‒‒‒‒‒‒‒‒ ‒‒‒‒ ‒‒‒‒‒‒‒‒‒‒‒ ‒‒‒‒‒ ‒‒‒‒‒‒‒‒ ‒‒‒‒‒‒‒‒ ‒‒‒‒‒‒‒ ‒‒‒‒‒‒‒ ‒‒‒‒‒‒‒‒‒‒‒ ‒‒ ‒‒‒‒ ‒‒‒‒‒ ‒‒‒‒ ‒‒‒‒‒‒‒‒‒ ‒‒ ‒‒‒‒‒‒‒ ‒‒‒ ‒‒ ‒‒‒‒‒‒‒
‒‒‒‒‒‒ ‒‒‒‒‒ ‒‒‒‒‒‒‒‒‒‒‒ ‒‒‒‒‒ ‒‒ ‒‒‒‒‒‒‒ ‒‒‒ ‒‒‒‒‒‒‒‒ ‒‒ ‒‒ ‒‒‒‒ ‒‒‒‒‒ ‒‒‒‒‒‒‒‒‒‒‒ ‒‒‒‒‒‒‒‒‒‒‒ ‒‒‒‒ ‒‒‒ ‒‒‒‒‒‒‒ ‒‒‒‒‒‒‒‒ ‒‒ ‒‒‒‒‒ ‒‒

Pripadajuća osnovna neto plata: 1298,64 KM.

Broj izvršilaca: 2 (dva).

Mjesto rada: Istočno Sarajevo.

3/02 Sanitarni inžinjer

‒‒‒‒‒‒‒‒ ‒‒‒‒‒‒‒ ‒‒‒‒‒‒‒‒‒‒‒ ‒‒‒‒‒‒‒ ‒‒‒ ‒‒‒‒‒‒ ‒‒ ‒‒‒‒‒‒‒‒‒ ‒‒‒‒‒‒‒‒ ‒‒‒‒‒‒‒‒‒ ‒‒‒‒‒‒‒‒‒‒‒ ‒‒‒‒‒‒‒‒ ‒‒‒‒‒‒‒ ‒‒‒‒ ‒‒‒ ‒‒‒‒‒‒‒‒‒ ‒‒‒‒‒‒‒ ‒‒‒‒‒‒‒ ‒‒‒ ‒‒‒‒ ‒‒‒‒‒‒‒
‒‒‒‒ ‒‒‒‒‒‒ ‒‒‒‒‒‒‒ ‒‒‒‒‒‒‒ ‒‒‒‒‒‒‒‒ ‒‒‒‒ ‒‒‒‒‒‒‒‒‒ ‒‒ ‒‒‒‒ ‒‒‒‒‒‒ ‒‒‒‒‒‒‒‒ ‒‒‒‒‒‒‒ ‒‒‒‒‒‒ ‒‒‒‒‒ ‒‒‒‒‒ ‒‒‒‒ ‒‒‒‒‒ ‒‒
‒‒‒‒‒ ‒‒‒‒‒‒ ‒‒‒‒‒‒‒‒ ‒‒‒‒‒‒‒‒ ‒‒‒‒‒‒‒‒‒ ‒‒‒‒ ‒‒‒‒‒‒‒ ‒‒‒‒‒‒‒‒ ‒‒‒‒‒ ‒‒ ‒‒‒‒ ‒‒‒‒‒‒‒ ‒‒ ‒‒‒‒‒‒ ‒‒ ‒‒‒‒‒‒‒‒‒‒‒ ‒‒ ‒‒‒‒
‒‒‒‒ ‒‒‒‒‒‒ ‒‒‒‒‒‒‒‒‒‒‒ ‒‒‒‒‒‒ ‒‒‒ ‒‒ ‒‒‒‒‒‒ ‒‒‒‒ ‒‒‒‒ ‒‒ ‒‒ ‒‒‒‒‒‒ ‒‒‒‒‒‒ ‒‒‒‒‒‒‒ ‒‒‒‒ ‒‒‒‒‒ ‒‒‒
‒‒‒‒‒ ‒‒‒ ‒‒ ‒‒‒‒ ‒‒ ‒‒‒‒‒‒‒‒ ‒‒‒‒‒‒‒‒‒ ‒‒‒‒‒‒ ‒‒‒‒‒ ‒‒‒‒ ‒‒‒‒ ‒‒‒‒‒‒ ‒‒‒‒‒‒ ‒‒‒‒‒‒ ‒‒‒‒‒‒‒‒ ‒‒‒‒‒‒‒‒‒
‒‒‒‒‒‒ ‒‒‒‒‒‒‒‒‒‒‒ ‒‒‒‒‒‒‒‒‒‒‒ ‒‒‒ ‒‒‒‒ ‒‒‒‒ ‒‒‒‒‒‒‒ ‒‒‒‒ ‒‒‒‒‒‒‒ ‒‒‒‒ ‒‒ ‒‒‒‒ ‒‒ ‒‒ ‒‒‒‒‒‒‒ ‒‒‒‒‒‒‒‒ ‒‒‒‒‒‒‒ ‒‒‒‒‒‒‒‒‒‒‒ ‒‒‒
‒‒‒‒‒‒‒ ‒‒‒‒ ‒‒‒‒‒‒‒ ‒‒‒‒‒‒‒‒ ‒‒‒‒‒‒‒‒‒ ‒‒‒‒‒‒‒‒‒ ‒‒ ‒‒‒‒ ‒‒‒‒‒‒‒‒ ‒‒‒ ‒‒‒‒‒ ‒‒‒ ‒‒ ‒‒‒‒ ‒‒‒‒ ‒‒‒‒ ‒‒‒‒‒‒ ‒‒‒‒‒‒‒‒ ‒‒ ‒‒‒‒‒ ‒‒‒‒‒‒‒
‒‒‒‒‒ ‒‒‒‒‒‒‒‒‒‒‒ ‒‒‒‒ ‒‒‒ ‒‒‒ ‒‒‒ ‒‒‒‒‒‒‒ ‒‒‒‒ ‒‒‒‒ ‒‒‒‒‒‒ ‒‒‒‒‒ ‒‒‒‒ ‒‒‒‒ ‒‒‒‒ ‒‒‒‒‒‒‒‒‒‒‒ ‒‒‒‒
‒‒‒‒ ‒‒ ‒‒‒‒‒‒‒ ‒‒‒‒ ‒‒‒‒‒‒‒‒‒ ‒‒‒‒‒ ‒‒‒ ‒‒‒‒ ‒‒‒‒‒‒ ‒‒‒‒ ‒‒‒‒‒‒‒‒‒ ‒‒‒‒‒‒‒‒ ‒‒‒‒‒‒‒‒‒‒‒ ‒‒‒‒‒‒‒‒‒ ‒‒‒‒‒‒‒‒ ‒‒‒‒‒‒‒‒
‒‒‒‒‒‒‒‒ ‒‒‒‒‒‒‒‒ ‒‒‒‒‒ ‒‒‒‒‒‒‒‒‒ ‒‒‒ ‒‒‒‒‒‒‒‒‒ ‒‒‒‒‒‒ ‒‒‒‒‒‒‒ ‒‒‒‒‒ ‒‒‒‒‒‒‒ ‒‒‒‒‒‒‒ ‒‒‒‒ ‒‒‒‒‒ ‒‒‒‒‒‒ ‒‒ ‒‒‒‒‒‒‒‒‒‒‒ ‒‒‒‒
‒‒‒‒‒‒ ‒‒‒‒ ‒‒‒ ‒‒ ‒‒‒ ‒‒‒ ‒‒‒‒‒‒ ‒‒‒‒‒‒‒‒ ‒‒‒‒ ‒‒‒‒‒‒ ‒‒‒‒‒‒‒ ‒‒ ‒‒‒‒ ‒‒‒‒‒ ‒‒‒‒‒‒‒‒‒‒‒ ‒‒ ‒‒‒‒ ‒‒‒‒‒‒‒‒‒‒‒ ‒‒‒‒‒‒‒‒‒
‒‒‒‒ ‒‒ ‒‒‒ ‒‒‒‒‒‒‒ ‒‒‒‒‒‒ ‒‒‒‒‒‒ ‒‒‒‒‒‒‒‒‒ ‒‒‒‒ ‒‒‒‒‒‒‒ ‒‒‒‒ ‒‒‒‒ ‒‒‒‒‒‒‒ ‒‒‒‒‒‒‒‒‒‒‒ ‒‒‒ ‒‒‒‒ ‒‒‒‒ ‒‒‒‒‒‒‒‒ ‒‒‒ ‒‒‒‒‒‒‒‒‒‒‒
‒‒‒‒‒‒‒ ‒‒‒‒ ‒‒ ‒‒‒‒‒‒‒‒‒ ‒‒‒‒‒‒ ‒‒‒‒‒‒‒‒‒ ‒‒‒‒ ‒‒‒‒‒ ‒‒‒ ‒‒‒‒‒‒‒‒‒‒‒ ‒‒‒‒‒‒‒‒‒‒‒ ‒‒‒‒ ‒‒‒‒ ‒‒‒‒ ‒‒‒‒‒ ‒‒‒‒ ‒‒‒‒‒‒‒‒‒ ‒‒‒‒‒ ‒‒‒‒

Pripadajuća osnovna neto plata: 1298,64 KM.

Broj izvršilaca: 1 (jedan).

Mjesto rada: Istočno Sarajevo.

3/03 Stomatolog – stručni savjetnik

‒‒‒‒‒‒‒‒‒ ‒‒‒‒ ‒‒‒‒ ‒‒ ‒‒‒‒ ‒‒‒‒‒‒‒‒‒‒‒ ‒‒‒‒‒ ‒‒‒ ‒‒‒‒‒‒ ‒‒‒‒‒‒‒‒‒ ‒‒‒‒‒‒ ‒‒‒‒ ‒‒‒‒ ‒‒‒‒‒‒‒‒‒ ‒‒‒‒ ‒‒‒‒‒‒‒‒‒ ‒‒‒‒‒‒‒‒‒‒‒ ‒‒‒‒‒‒‒ ‒‒‒‒‒‒‒
‒‒‒‒ ‒‒‒‒‒‒ ‒‒ ‒‒‒‒‒‒‒‒ ‒‒‒‒‒ ‒‒‒‒‒‒‒‒‒‒‒ ‒‒‒‒‒ ‒‒‒‒ ‒‒‒‒‒‒‒‒‒ ‒‒‒‒‒‒‒‒‒‒‒ ‒‒‒ ‒‒‒‒‒‒‒‒‒‒‒ ‒‒‒‒‒‒‒‒‒ ‒‒‒‒ ‒‒‒‒‒‒‒‒‒ ‒‒‒‒‒‒ ‒‒‒‒‒‒‒‒‒‒‒ ‒‒‒‒‒‒‒‒‒‒‒
‒‒‒‒‒‒‒‒‒‒‒ ‒‒‒‒‒‒‒ ‒‒‒‒‒‒‒ ‒‒‒‒‒‒‒‒‒ ‒‒‒‒ ‒‒‒‒‒‒‒ ‒‒‒‒‒‒‒ ‒‒‒‒ ‒‒ ‒‒‒‒‒ ‒‒‒‒ ‒‒‒‒‒‒ ‒‒‒‒‒‒‒‒‒‒‒ ‒‒‒‒‒‒‒‒ ‒‒‒‒ ‒‒‒‒‒‒‒‒‒
‒‒‒‒‒‒‒ ‒‒‒‒‒‒ ‒‒‒‒‒‒ ‒‒‒ ‒‒‒ ‒‒‒‒‒‒‒‒‒ ‒‒‒‒‒‒‒‒‒‒‒ ‒‒‒‒‒ ‒‒‒‒‒ ‒‒‒ ‒‒‒‒‒‒ ‒‒‒‒‒‒‒‒‒ ‒‒‒‒‒‒‒‒ ‒‒‒ ‒‒‒‒‒ ‒‒‒‒‒
‒‒‒ ‒‒‒‒ ‒‒ ‒‒‒‒‒‒‒ ‒‒‒‒‒‒‒ ‒‒‒‒ ‒‒ ‒‒‒‒‒‒‒‒‒ ‒‒‒‒‒‒ ‒‒‒‒ ‒‒‒‒ ‒‒‒‒‒‒‒‒‒‒‒ ‒‒‒‒‒ ‒‒‒‒‒‒‒ ‒‒‒‒‒‒‒‒‒‒‒ ‒‒‒‒ ‒‒‒‒‒‒ ‒‒‒‒‒‒‒ ‒‒‒‒‒ ‒‒‒‒
‒‒ ‒‒‒‒ ‒‒‒‒‒‒‒‒‒‒‒ ‒‒‒‒‒‒ ‒‒‒‒‒‒‒‒‒‒‒ ‒‒‒‒‒‒‒‒‒‒‒ ‒‒‒‒‒‒‒ ‒‒‒‒‒‒‒‒‒ ‒‒‒‒‒‒‒‒‒‒‒ ‒‒ ‒‒‒ ‒‒‒‒‒‒‒ ‒‒‒‒‒‒‒ ‒‒‒‒ ‒‒‒‒‒ ‒‒‒‒‒ ‒‒‒‒‒‒ ‒‒‒‒
‒‒‒‒‒‒‒‒ ‒‒‒‒‒‒‒‒‒ ‒‒‒‒‒‒ ‒‒‒‒‒‒‒ ‒‒‒‒‒‒‒‒‒‒‒ ‒‒‒‒‒ ‒‒‒‒ ‒‒‒‒‒‒ ‒‒ ‒‒‒ ‒‒ ‒‒‒‒‒ ‒‒‒‒‒‒‒‒ ‒‒‒‒‒‒‒‒‒‒‒ ‒‒‒‒‒ ‒‒‒ ‒‒‒‒‒‒‒‒‒‒‒ ‒‒‒‒ ‒‒‒‒‒‒ ‒‒‒‒
‒‒‒‒‒ ‒‒‒‒‒‒ ‒‒‒‒‒‒ ‒‒‒ ‒‒‒‒‒ ‒‒‒‒‒ ‒‒‒ ‒‒‒‒‒‒‒‒‒‒‒ ‒‒ ‒‒‒‒‒‒‒‒ ‒‒‒‒ ‒‒‒‒‒‒‒‒‒ ‒‒‒‒ ‒‒‒ ‒‒‒‒‒‒‒ ‒‒‒ ‒‒‒‒‒‒‒‒‒ ‒‒‒‒‒ ‒‒‒‒‒‒
‒‒‒‒‒‒‒‒‒‒‒ ‒‒‒‒‒ ‒‒‒ ‒‒‒‒‒‒‒‒‒ ‒‒‒‒ ‒‒‒‒‒‒‒‒ ‒‒‒‒‒‒ ‒‒‒‒ ‒‒‒‒‒‒‒‒ ‒‒‒‒‒‒‒ ‒‒‒‒‒‒‒‒‒ ‒‒‒‒‒‒‒‒‒‒‒ ‒‒‒‒‒‒‒ ‒‒‒‒ ‒‒‒‒‒‒‒‒‒‒‒ ‒‒‒ ‒‒‒‒ ‒‒‒ ‒‒‒‒‒‒‒‒‒‒‒
‒‒‒‒‒‒‒‒ ‒‒‒‒ ‒‒‒‒ ‒‒‒‒‒‒‒‒ ‒‒‒‒‒‒ ‒‒‒‒‒‒‒‒‒‒‒ ‒‒‒‒ ‒‒‒‒ ‒‒‒‒‒‒‒‒‒‒‒ ‒‒‒‒ ‒‒‒‒‒‒‒ ‒‒‒‒‒‒‒‒‒ ‒‒‒‒‒‒‒‒ ‒‒‒‒‒‒‒‒ ‒‒‒‒ ‒‒‒‒‒‒‒‒ ‒‒‒‒‒‒ ‒‒‒‒ ‒‒ ‒‒‒‒‒‒‒‒‒‒‒
‒‒‒‒‒‒‒‒ ‒‒ ‒‒ ‒‒‒‒‒‒‒‒‒‒‒ ‒‒‒‒‒ ‒‒‒‒ ‒‒‒‒‒‒‒‒‒ ‒‒‒‒ ‒‒‒‒‒‒‒‒‒‒‒ ‒‒‒‒‒‒‒ ‒‒ ‒‒‒‒ ‒‒ ‒‒ ‒‒‒‒ ‒‒‒‒ ‒‒‒‒‒‒‒‒‒ ‒‒‒‒‒‒‒ ‒‒‒‒
‒‒‒‒‒‒‒ ‒‒‒‒‒‒ ‒‒‒‒ ‒‒‒‒‒‒‒‒‒ ‒‒‒‒‒‒ ‒‒‒‒ ‒‒‒‒ ‒‒‒ ‒‒‒‒‒‒‒ ‒‒‒‒‒‒‒‒‒‒‒ ‒‒‒‒‒‒‒ ‒‒‒ ‒‒‒‒ ‒‒‒‒‒ ‒‒‒‒ ‒‒‒‒‒‒ ‒‒‒‒‒‒‒‒‒‒‒ ‒‒‒‒

Pripadajuća osnovna neto plata: 1298,64 KM.

Broj izvršilaca: 1 (jedan).

Mjesto rada: Istočno Sarajevo.

3/04 Radiolog – stručni savjetnik

‒‒‒‒‒‒‒‒‒ ‒‒ ‒‒ ‒‒‒‒‒‒‒‒‒‒‒ ‒‒ ‒‒‒ ‒‒‒‒‒‒‒‒‒ ‒‒ ‒‒ ‒‒ ‒‒‒‒‒‒‒‒ ‒‒‒‒‒‒ ‒‒‒‒‒‒‒‒‒‒‒ ‒‒‒ ‒‒‒‒‒‒‒ ‒‒‒‒‒ ‒‒‒‒‒‒‒‒‒‒‒ ‒‒‒ ‒‒‒‒‒‒‒‒ ‒‒‒‒‒‒‒‒
‒‒‒‒‒‒‒‒‒‒‒ ‒‒‒‒‒‒‒ ‒‒‒‒‒ ‒‒‒ ‒‒‒‒‒‒‒‒ ‒‒‒ ‒‒‒‒ ‒‒ ‒‒‒‒‒ ‒‒‒‒ ‒‒ ‒‒‒‒‒ ‒‒‒‒‒‒‒ ‒‒‒‒‒‒‒‒‒ ‒‒‒‒‒‒‒‒‒‒‒ ‒‒ ‒‒‒ ‒‒ ‒‒‒‒‒‒‒‒‒‒‒
‒‒‒‒‒ ‒‒‒‒‒‒‒ ‒‒‒‒‒‒‒ ‒‒‒‒ ‒‒‒‒‒‒‒ ‒‒‒‒ ‒‒‒‒‒‒‒ ‒‒‒‒‒‒‒ ‒‒‒‒ ‒‒‒‒‒‒‒‒‒‒‒ ‒‒‒‒‒‒ ‒‒‒‒‒‒‒‒‒‒‒ ‒‒‒‒ ‒‒‒‒ ‒‒‒‒‒ ‒‒‒‒‒ ‒‒‒‒‒‒ ‒‒‒‒‒‒‒ ‒‒‒‒‒ ‒‒‒‒‒‒‒‒
‒‒‒‒‒ ‒‒‒‒‒‒‒‒‒ ‒‒ ‒‒‒‒‒‒‒‒‒‒‒ ‒‒‒ ‒‒‒‒‒‒‒‒ ‒‒‒‒‒‒‒‒ ‒‒‒‒‒‒‒ ‒‒‒‒‒‒‒ ‒‒‒‒‒‒‒‒‒ ‒‒‒‒‒ ‒‒ ‒‒‒‒‒‒‒‒‒ ‒‒‒‒‒ ‒‒ ‒‒‒‒‒‒‒‒‒ ‒‒‒‒‒‒ ‒‒‒‒‒
‒‒‒‒‒ ‒‒‒‒ ‒‒‒‒‒‒‒‒‒ ‒‒‒ ‒‒‒‒ ‒‒‒‒ ‒‒ ‒‒ ‒‒‒‒‒ ‒‒‒‒‒‒‒‒‒‒‒ ‒‒‒‒‒‒ ‒‒‒‒ ‒‒‒‒‒‒‒ ‒‒‒‒ ‒‒‒‒‒‒‒ ‒‒‒ ‒‒ ‒‒‒ ‒‒‒‒‒ ‒‒‒‒‒‒‒ ‒‒‒‒‒‒‒‒‒‒‒
‒‒‒‒ ‒‒‒‒ ‒‒‒‒ ‒‒‒‒‒‒‒‒‒‒‒ ‒‒ ‒‒‒‒‒‒‒‒ ‒‒‒‒‒‒ ‒‒‒‒‒‒‒‒‒‒‒ ‒‒‒‒‒‒‒‒‒‒‒ ‒‒‒‒ ‒‒‒‒‒‒‒‒ ‒‒‒‒‒‒‒‒‒‒‒ ‒‒‒‒‒ ‒‒ ‒‒‒‒‒ ‒‒‒‒‒‒‒‒‒ ‒‒‒‒‒‒‒
‒‒‒‒‒‒‒‒ ‒‒‒‒ ‒‒‒‒‒‒‒ ‒‒‒‒‒‒‒‒ ‒‒ ‒‒‒‒ ‒‒‒‒‒ ‒‒‒‒‒‒‒‒‒ ‒‒‒‒‒‒‒‒‒ ‒‒‒‒‒‒‒ ‒‒ ‒‒‒ ‒‒‒‒‒‒‒‒‒ ‒‒‒‒ ‒‒‒ ‒‒‒‒‒

Pripadajuća osnovna neto plata: 1298,64 KM.

Broj izvršilaca: 1 (jedan).

Mjesto rada: Istočno Sarajevo.

Napomene za sve kandidate:

‒‒‒‒ ‒‒‒‒ ‒‒‒‒ ‒‒‒ ‒‒‒‒‒‒‒‒ ‒‒ ‒‒‒‒‒‒‒ ‒‒‒‒‒‒‒‒‒ ‒‒‒‒ ‒‒‒‒‒‒‒‒‒‒‒ ‒‒‒ ‒‒‒‒‒‒‒ ‒‒ ‒‒‒‒‒‒‒ ‒‒‒‒‒‒‒‒ ‒‒‒‒ ‒‒‒‒‒ ‒‒‒‒‒‒
‒‒ ‒‒‒‒‒‒ ‒‒‒‒‒‒‒‒‒ ‒‒‒‒‒‒‒‒ ‒‒‒‒‒‒‒‒‒ ‒‒‒‒‒‒‒ ‒‒‒‒ ‒‒‒ ‒‒‒‒‒‒‒ ‒‒‒‒‒‒‒ ‒‒‒‒‒‒ ‒‒‒‒ ‒‒‒‒ ‒‒‒‒‒‒‒‒ ‒‒‒‒‒‒‒‒‒‒‒ ‒‒‒‒‒‒‒‒‒ ‒‒‒‒‒‒‒‒‒‒‒ ‒‒‒‒
‒‒‒‒‒‒‒‒‒ ‒‒‒‒‒‒‒‒‒ ‒‒‒‒ ‒‒‒‒‒‒‒ ‒‒‒‒ ‒‒‒‒‒‒ ‒‒ ‒‒‒‒‒ ‒‒‒‒ ‒‒‒‒ ‒‒‒‒ ‒‒‒‒‒ ‒‒‒‒‒‒‒‒ ‒‒‒‒‒‒‒‒‒ ‒‒‒ ‒‒‒‒ ‒‒
‒‒‒‒‒‒‒‒ ‒‒‒ ‒‒‒‒‒‒ ‒‒‒‒‒‒‒‒‒‒‒ ‒‒‒‒ ‒‒‒ ‒‒‒‒‒‒‒‒‒‒‒ ‒‒‒‒‒‒ ‒‒‒‒ ‒‒‒‒‒‒‒‒‒ ‒‒‒‒‒‒‒ ‒‒‒‒‒‒‒‒ ‒‒‒‒ ‒‒‒‒ ‒‒‒‒‒‒‒‒ ‒‒‒‒‒‒‒‒‒‒‒ ‒‒‒‒‒‒‒‒ ‒‒‒‒‒‒‒‒‒ ‒‒‒‒‒ ‒‒‒‒
‒‒‒‒‒‒‒‒‒ ‒‒ ‒‒‒‒‒‒ ‒‒‒‒‒‒‒‒ ‒‒‒‒‒‒‒‒‒‒‒ ‒‒ ‒‒ ‒‒‒ ‒‒‒‒‒‒‒‒‒ ‒‒‒‒‒‒ ‒‒‒ ‒‒‒‒‒‒ ‒‒‒‒‒‒ ‒‒‒‒‒‒‒‒‒ ‒‒‒‒‒‒‒‒‒‒‒ ‒‒‒‒‒‒‒‒ ‒‒‒‒ ‒‒‒‒
‒‒‒ ‒‒‒‒ ‒‒‒‒ ‒‒‒‒ ‒‒‒‒‒‒‒ ‒‒‒‒‒‒‒‒‒‒‒ ‒‒‒‒‒‒‒ ‒‒‒‒‒‒‒‒‒‒‒ ‒‒‒‒‒‒‒‒‒ ‒‒‒‒‒‒ ‒‒‒ ‒‒‒‒‒ ‒‒ ‒‒‒‒ ‒‒‒ ‒‒‒‒‒ ‒‒‒‒‒‒ ‒‒‒‒‒‒‒‒‒ ‒‒‒‒‒‒‒‒‒‒‒ ‒‒‒‒‒‒‒‒‒ ‒‒‒‒
‒‒‒‒‒‒‒‒‒‒‒ ‒‒‒‒‒‒‒‒‒‒‒ ‒‒‒‒ ‒‒‒‒ ‒‒‒‒ ‒‒‒‒ ‒‒‒‒‒‒‒‒‒‒‒ ‒‒‒‒‒‒‒ ‒‒‒‒‒‒‒‒‒‒‒ ‒‒‒‒‒‒‒‒‒ ‒‒ ‒‒‒‒ ‒‒‒‒‒‒‒ ‒‒‒‒‒‒ ‒‒‒ ‒‒‒‒‒‒ ‒‒‒‒‒‒‒‒ ‒‒‒‒‒‒ ‒‒‒‒‒‒‒ ‒‒‒‒‒‒‒‒‒‒‒
‒‒‒ ‒‒ ‒‒‒‒ ‒‒‒‒‒‒‒ ‒‒‒‒‒‒‒‒‒‒‒ ‒‒‒‒ ‒‒‒‒‒ ‒‒‒‒‒‒‒‒‒‒‒ ‒‒ ‒‒ ‒‒‒‒‒‒‒‒ ‒‒‒‒‒‒ ‒‒‒‒‒‒‒‒‒‒‒ ‒‒‒‒‒‒‒‒‒‒‒ ‒‒‒‒‒ ‒‒ ‒‒‒‒‒‒ ‒‒ ‒‒‒‒‒‒‒‒‒ ‒‒‒‒
‒‒ ‒‒‒ ‒‒‒‒ ‒‒ ‒‒‒‒ ‒‒‒‒‒‒‒‒ ‒‒‒‒ ‒‒‒‒‒‒‒ ‒‒‒‒‒‒‒‒ ‒‒‒‒ ‒‒ ‒‒‒‒‒‒‒ ‒‒‒‒ ‒‒‒‒‒ ‒‒‒‒‒‒‒ ‒‒‒‒‒‒‒‒‒ ‒‒‒‒‒
‒‒‒‒ ‒‒‒‒‒‒‒‒‒‒‒ ‒‒‒‒‒‒‒‒‒‒‒ ‒‒ ‒‒‒‒ ‒‒‒ ‒‒‒‒ ‒‒‒‒‒‒‒ ‒‒‒‒‒‒‒ ‒‒‒‒‒‒‒‒‒‒‒ ‒‒‒‒‒‒‒ ‒‒‒‒ ‒‒‒‒ ‒‒‒ ‒‒‒‒‒‒ ‒‒‒‒‒‒‒‒‒ ‒‒‒‒‒‒‒‒‒‒‒
‒‒‒‒‒‒‒‒ ‒‒‒‒‒‒‒ ‒‒‒‒‒‒ ‒‒‒‒‒ ‒‒‒‒‒‒‒‒‒‒‒ ‒‒ ‒‒‒ ‒‒‒ ‒‒‒‒‒‒‒‒‒ ‒‒‒‒‒‒ ‒‒‒‒‒‒‒‒‒‒‒ ‒‒‒‒‒‒‒‒‒ ‒‒‒‒‒‒‒ ‒‒‒‒ ‒‒‒‒‒‒‒ ‒‒‒‒‒‒‒
‒‒‒‒‒‒‒‒ ‒‒‒‒ ‒‒‒‒‒‒‒‒‒ ‒‒‒‒‒‒‒‒‒ ‒‒‒‒‒‒‒‒‒ ‒‒‒‒‒‒ ‒‒‒‒‒‒ ‒‒‒‒‒‒‒‒‒ ‒‒‒‒‒‒‒ ‒‒‒‒‒‒‒‒‒ ‒‒‒‒‒ ‒‒‒ ‒‒‒‒ ‒‒‒ ‒‒‒‒‒ ‒‒‒‒‒ ‒‒‒‒‒‒‒‒ ‒‒‒‒ ‒‒‒‒‒‒‒‒‒‒‒ ‒‒‒‒ ‒‒
‒‒‒‒ ‒‒‒‒‒ ‒‒‒‒‒‒‒‒‒‒‒ ‒‒‒‒‒‒‒‒‒ ‒‒‒‒‒‒‒‒ ‒‒‒‒‒‒‒‒‒ ‒‒‒‒‒‒‒ ‒‒‒‒‒‒ ‒‒‒ ‒‒‒‒‒‒‒ ‒‒‒‒‒‒‒‒ ‒‒‒‒‒‒‒‒‒‒‒ ‒‒‒‒‒‒ ‒‒‒‒‒‒‒ ‒‒‒‒‒ ‒‒‒‒
‒‒‒‒‒‒ ‒‒‒‒‒‒‒‒‒‒‒ ‒‒‒‒‒‒‒ ‒‒‒‒‒‒‒‒‒‒‒ ‒‒‒ ‒‒‒‒‒‒‒‒‒‒‒ ‒‒‒ ‒‒‒‒ ‒‒‒‒‒‒‒‒ ‒‒ ‒‒‒‒ ‒‒‒‒‒‒‒‒‒ ‒‒‒‒‒‒‒‒ ‒‒‒ ‒‒‒‒ ‒‒‒‒ ‒‒‒‒ ‒‒‒‒‒‒‒‒‒‒‒ ‒‒‒‒‒‒‒ ‒‒‒‒‒‒‒‒‒
‒‒‒‒‒‒ ‒‒‒‒ ‒‒‒‒‒ ‒‒‒‒ ‒‒‒‒‒‒‒‒‒ ‒‒‒ ‒‒‒‒‒‒‒‒‒‒‒ ‒‒‒‒ ‒‒‒‒‒‒ ‒‒‒‒ ‒‒‒‒‒‒‒‒‒‒‒ ‒‒‒‒‒‒‒‒ ‒‒ ‒‒‒‒‒‒ ‒‒‒‒‒‒‒‒‒‒‒ ‒‒ ‒‒‒‒ ‒‒‒ ‒‒‒‒‒ ‒‒‒‒‒‒‒‒‒‒‒
‒‒‒‒‒‒‒‒‒‒‒ ‒‒‒‒ ‒‒‒‒‒ ‒‒‒‒ ‒‒ ‒‒‒‒ ‒‒‒‒‒‒‒ ‒‒‒ ‒‒‒‒‒‒‒‒‒‒‒ ‒‒‒‒‒‒‒‒ ‒‒‒‒‒‒‒‒‒ ‒‒ ‒‒‒‒ ‒‒‒ ‒‒‒‒‒‒ ‒‒‒
‒‒ ‒‒‒‒‒ ‒‒‒ ‒‒‒‒‒ ‒‒‒‒‒‒‒‒ ‒‒‒‒‒‒‒ ‒‒‒‒ ‒‒‒‒ ‒‒ ‒‒‒‒‒ ‒‒‒‒‒‒‒‒‒ ‒‒‒‒‒‒‒‒ ‒‒‒‒‒‒‒‒‒ ‒‒‒‒‒‒‒ ‒‒ ‒‒‒‒ ‒‒‒‒ ‒‒‒‒‒‒‒‒
‒‒‒‒‒‒‒‒ ‒‒ ‒‒‒‒‒ ‒‒‒‒ ‒‒‒‒‒‒‒‒‒‒‒ ‒‒‒‒ ‒‒‒‒‒‒‒‒ ‒‒‒‒ ‒‒‒‒‒‒‒ ‒‒‒‒‒‒ ‒‒‒‒‒ ‒‒‒‒ ‒‒‒‒‒‒‒‒‒ ‒‒‒‒ ‒‒‒‒‒‒‒‒‒ ‒‒‒‒‒ ‒‒‒‒‒ ‒‒‒ ‒‒‒‒‒ ‒‒‒‒‒‒‒‒‒‒‒ ‒‒‒‒‒‒‒‒‒
‒‒‒‒‒‒‒ ‒‒‒‒ ‒‒‒‒‒‒‒‒‒‒‒ ‒‒‒‒ ‒‒‒‒‒‒ ‒‒‒‒ ‒‒‒‒ ‒‒‒‒‒‒ ‒‒‒‒‒ ‒‒‒‒‒‒‒‒ ‒‒ ‒‒‒‒‒‒‒‒ ‒‒‒‒ ‒‒ ‒‒‒‒ ‒‒‒‒‒‒‒‒ ‒‒‒ ‒‒ ‒‒ ‒‒‒‒‒‒‒‒
‒‒‒‒‒‒‒ ‒‒‒‒‒‒‒ ‒‒‒‒‒‒‒‒ ‒‒‒ ‒‒‒ ‒‒‒‒‒ ‒‒‒‒ ‒‒‒‒‒‒ ‒‒‒‒‒‒‒‒‒ ‒‒‒‒‒‒‒ ‒‒‒‒‒‒‒‒‒‒‒ ‒‒‒‒‒‒‒ ‒‒‒‒‒‒‒‒ ‒‒‒‒‒‒‒‒ ‒‒‒ ‒‒‒‒ ‒‒‒‒‒‒‒‒‒‒‒ ‒‒‒‒
‒‒ ‒‒‒‒‒‒‒‒ ‒‒‒‒‒ ‒‒‒‒‒‒ ‒‒‒‒‒‒‒‒‒ ‒‒‒‒ ‒‒‒‒‒‒ ‒‒‒‒‒‒ ‒‒‒‒‒ ‒‒‒‒ ‒‒‒‒‒ ‒‒‒‒‒‒‒‒ ‒‒‒‒‒‒ ‒‒‒‒ ‒‒‒‒ ‒‒‒‒‒ ‒‒
‒‒‒‒ ‒‒‒‒ ‒‒‒‒‒‒ ‒‒‒‒ ‒‒‒‒‒‒‒ ‒‒‒‒‒‒‒‒ ‒‒ ‒‒‒‒‒‒‒‒ ‒‒ ‒‒‒‒ ‒‒ ‒‒‒‒ ‒‒‒ ‒‒‒‒‒ ‒‒‒‒‒‒‒ ‒‒‒‒‒‒‒
‒‒‒‒ ‒‒‒‒ ‒‒‒‒‒‒‒‒‒‒‒ ‒‒‒‒‒‒‒‒‒‒‒ ‒‒‒‒‒‒‒‒‒ ‒‒‒‒‒‒‒‒ ‒‒‒‒ ‒‒‒‒‒ ‒‒‒‒ ‒‒‒‒‒‒ ‒‒‒‒‒‒‒‒‒‒‒ ‒‒‒‒‒‒ ‒‒‒‒‒‒ ‒‒‒‒‒‒‒‒‒‒‒ ‒‒‒‒‒‒‒‒ ‒‒‒
‒‒‒‒‒‒‒‒‒ ‒‒‒‒‒‒‒‒‒‒‒ ‒‒‒‒‒‒‒ ‒‒‒‒‒ ‒‒‒‒‒‒‒‒‒‒‒ ‒‒ ‒‒‒‒‒‒ ‒‒ ‒‒‒ ‒‒‒‒‒‒‒ ‒‒‒‒‒‒ ‒‒ ‒‒ ‒‒‒‒‒‒‒‒‒ ‒‒‒‒‒‒‒ ‒‒‒ ‒‒‒‒‒‒‒ ‒‒‒‒‒‒‒ ‒‒‒‒‒‒ ‒‒‒‒‒
‒‒‒‒‒‒‒ ‒‒‒‒‒‒‒‒‒‒‒ ‒‒‒‒‒‒ ‒‒‒‒‒‒‒ ‒‒‒ ‒‒‒‒ ‒‒‒‒‒‒‒ ‒‒ ‒‒‒‒‒‒‒‒‒ ‒‒‒‒‒ ‒‒‒‒ ‒‒‒‒‒ ‒‒ ‒‒‒‒ ‒‒ ‒‒‒‒ ‒‒‒‒
‒‒‒‒‒‒‒‒‒‒‒ ‒‒ ‒‒‒‒‒‒‒‒‒‒‒ ‒‒‒‒‒‒ ‒‒‒‒ ‒‒ ‒‒‒‒ ‒‒‒‒‒‒‒‒‒ ‒‒‒‒ ‒‒‒ ‒‒ ‒‒‒‒‒‒ ‒‒‒‒‒‒‒‒‒‒‒ ‒‒‒‒ ‒‒‒‒‒‒‒‒ ‒‒‒‒‒‒‒‒ ‒‒‒‒‒‒
‒‒‒ ‒‒‒‒‒‒‒‒‒ ‒‒‒‒‒‒ ‒‒‒‒‒‒‒ ‒‒‒‒‒‒‒‒‒ ‒‒‒‒ ‒‒‒‒ ‒‒‒‒‒‒‒ ‒‒‒‒‒‒ ‒‒‒‒ ‒‒‒‒ ‒‒‒‒ ‒‒‒‒‒‒‒‒ ‒‒ ‒‒‒‒‒‒‒ ‒‒‒‒
‒‒‒‒ ‒‒‒‒‒‒‒‒‒‒‒ ‒‒‒‒‒‒‒‒ ‒‒ ‒‒‒‒‒ ‒‒‒‒‒‒‒‒‒‒‒ ‒‒‒‒‒ ‒‒‒‒‒‒ ‒‒‒‒‒‒‒‒‒‒‒ ‒‒‒‒‒‒‒ ‒‒‒‒‒‒ ‒‒‒‒‒ ‒‒‒‒‒‒‒‒ ‒‒‒‒‒‒‒‒ ‒‒‒‒‒‒‒ ‒‒‒
‒‒‒‒‒ ‒‒‒‒‒‒ ‒‒‒‒ ‒‒ ‒‒‒‒‒‒‒‒‒ ‒‒‒‒‒‒‒‒‒‒‒ ‒‒‒‒ ‒‒‒‒ ‒‒‒ ‒‒‒‒‒‒‒‒‒ ‒‒ ‒‒‒ ‒‒‒‒‒‒‒‒‒‒‒ ‒‒‒‒‒‒‒‒ ‒‒‒‒‒‒‒‒ ‒‒‒‒‒‒‒‒‒‒‒ ‒‒‒‒‒‒‒‒‒ ‒‒‒‒ ‒‒‒‒‒‒‒‒‒‒‒ ‒‒‒ ‒‒‒‒‒‒‒‒‒

Dodatni uvjeti:

‒‒‒‒ ‒‒‒‒ ‒‒‒‒‒‒‒‒‒ ‒‒‒‒‒‒‒ ‒‒‒‒ ‒‒‒‒ ‒‒‒‒‒‒‒‒ ‒‒‒‒‒‒ ‒‒‒‒‒‒‒‒ ‒‒‒‒ ‒‒‒‒ ‒‒‒‒‒‒‒ ‒‒‒‒‒‒‒‒‒ ‒‒‒‒‒‒ ‒‒‒‒‒‒‒‒ ‒‒‒‒‒‒‒‒‒‒‒
‒‒ ‒‒‒‒‒‒ ‒‒‒‒‒‒‒‒ ‒‒ ‒‒‒ ‒‒‒‒‒‒‒‒‒ ‒‒‒ ‒‒‒‒‒‒‒ ‒‒‒‒ ‒‒‒‒ ‒‒‒‒‒‒ ‒‒‒‒‒‒ ‒‒ ‒‒‒ ‒‒‒‒‒‒‒‒‒ ‒‒‒‒ ‒‒‒ ‒‒‒‒‒‒ ‒‒‒‒
‒‒‒‒‒‒‒‒ ‒‒ ‒‒‒‒‒‒‒‒‒ ‒‒‒‒‒‒‒‒‒‒‒ ‒‒ ‒‒‒‒‒‒‒‒‒ ‒‒‒‒‒ ‒‒‒‒‒‒‒ ‒‒‒‒‒ ‒‒‒‒‒‒‒‒‒ ‒‒‒‒ ‒‒‒‒ ‒‒‒‒‒‒‒‒ ‒‒‒‒ ‒‒‒‒‒‒ ‒‒‒‒‒‒ ‒‒‒‒‒‒‒
‒‒‒‒ ‒‒ ‒‒‒‒‒ ‒‒‒‒ ‒‒‒‒‒‒‒‒‒‒‒ ‒‒‒‒‒ ‒‒‒‒‒‒ ‒‒‒‒‒‒‒ ‒‒‒‒ ‒‒‒‒‒‒‒‒ ‒‒‒‒ ‒‒‒‒‒‒‒‒‒‒‒ ‒‒‒‒‒ ‒‒‒‒‒‒‒‒ ‒‒‒‒‒‒‒‒ ‒‒ ‒‒‒‒‒‒‒‒‒ ‒‒‒‒ ‒‒‒‒‒‒‒‒‒‒‒
‒‒‒‒‒‒‒‒‒ ‒‒‒‒‒‒‒‒‒ ‒‒‒‒‒‒‒‒ ‒‒‒‒‒ ‒‒‒‒‒‒‒‒‒‒‒ ‒‒‒‒ ‒‒‒‒‒‒ ‒‒‒‒‒ ‒‒‒‒‒‒‒ ‒‒‒‒‒ ‒‒‒‒‒‒‒‒ ‒‒‒‒ ‒‒‒‒‒‒‒ ‒‒‒‒‒ ‒‒‒‒‒ ‒‒‒ ‒‒‒‒‒ ‒‒‒‒‒‒‒‒‒ ‒‒‒
‒‒‒‒‒‒‒‒ ‒‒‒‒‒‒‒‒‒ ‒‒‒‒ ‒‒‒‒ ‒‒‒‒‒‒‒ ‒‒‒‒‒‒‒‒ ‒‒‒ ‒‒‒‒‒‒‒‒ ‒‒‒ ‒‒‒‒‒‒ ‒‒‒‒‒‒‒‒‒ ‒‒‒ ‒‒‒‒‒ ‒‒‒‒‒ ‒‒‒‒‒‒‒ ‒‒‒‒ ‒‒‒‒‒‒‒‒ ‒‒
‒‒‒ ‒‒‒‒ ‒‒ ‒‒ ‒‒‒‒‒‒‒‒‒ ‒‒‒‒‒‒‒ ‒‒‒‒‒ ‒‒ ‒‒‒‒‒‒‒‒‒ ‒‒‒‒‒‒‒‒‒ ‒‒‒‒ ‒‒‒‒‒‒‒‒‒ ‒‒‒‒‒‒ ‒‒‒‒‒‒‒‒‒‒‒ ‒‒‒‒‒‒‒‒‒‒‒ ‒‒‒‒‒‒ ‒‒ ‒‒‒‒ ‒‒‒‒‒‒‒‒ ‒‒‒‒‒‒‒‒‒‒‒ ‒‒‒‒‒‒‒
‒‒‒‒‒‒ ‒‒‒‒ ‒‒‒‒ ‒‒‒‒‒‒‒‒‒‒‒ ‒‒‒‒‒‒‒‒ ‒‒‒‒‒‒‒‒‒ ‒‒‒‒‒ ‒‒‒ ‒‒‒‒‒‒ ‒‒‒ ‒‒‒‒‒‒‒‒‒ ‒‒‒ ‒‒‒‒‒ ‒‒‒‒‒‒‒‒‒‒‒ ‒‒‒‒‒‒ ‒‒ ‒‒‒‒‒‒‒‒‒‒‒ ‒‒‒‒‒‒‒ ‒‒‒‒ ‒‒‒‒ ‒‒‒‒‒‒‒
‒‒‒‒‒ ‒‒‒ ‒‒‒‒ ‒‒‒‒‒‒‒‒ ‒‒‒‒‒‒ ‒‒‒‒‒‒ ‒‒‒‒ ‒‒‒‒ ‒‒‒ ‒‒‒‒‒ ‒‒‒ ‒‒‒ ‒‒‒ ‒‒‒‒‒‒‒‒‒ ‒‒‒‒‒‒‒‒ ‒‒ ‒‒‒‒‒ ‒‒‒‒‒‒‒‒ ‒‒‒‒‒‒‒‒ ‒‒‒‒ ‒‒‒‒‒

Potrebni dokumenti:

I Općenito uvjeti:

‒‒‒‒‒ ‒‒‒‒ ‒‒‒ ‒‒‒ ‒‒‒‒ ‒‒‒‒ ‒‒‒‒‒‒‒‒‒‒‒ ‒‒‒‒ ‒‒‒‒‒‒ ‒‒‒‒‒‒‒‒‒ ‒‒‒‒ ‒‒‒‒‒‒‒ ‒‒ ‒‒‒‒ ‒‒‒ ‒‒‒‒‒‒‒‒‒‒‒ ‒‒‒‒ ‒‒‒ ‒‒‒
‒‒ ‒‒‒‒‒‒ ‒‒‒‒‒‒ ‒‒‒‒‒‒ ‒‒‒‒‒‒‒ ‒‒‒‒‒ ‒‒‒‒‒‒‒‒ ‒‒‒‒‒‒‒‒‒ ‒‒‒‒‒‒‒‒ ‒‒‒‒‒‒‒‒‒‒‒ ‒‒‒‒‒‒ ‒‒‒‒‒‒‒‒‒‒‒ ‒‒ ‒‒‒‒‒‒‒‒‒ ‒‒‒‒ ‒‒‒‒‒‒‒‒‒‒‒ ‒‒‒‒‒‒‒‒
‒‒‒‒ ‒‒‒‒ ‒‒‒ ‒‒‒‒‒‒‒ ‒‒ ‒‒‒‒‒‒‒‒ ‒‒‒‒‒‒‒ ‒‒‒ ‒‒‒‒ ‒‒‒‒‒‒‒ ‒‒‒‒‒‒ ‒‒ ‒‒‒‒‒‒‒‒‒‒‒ ‒‒‒‒‒‒‒‒ ‒‒‒ ‒‒‒ ‒‒ ‒‒
‒‒‒‒ ‒‒‒‒‒‒‒‒‒‒‒ ‒‒ ‒‒‒‒‒‒‒‒‒‒‒ ‒‒‒‒‒‒‒‒‒ ‒‒‒ ‒‒‒‒‒‒‒ ‒‒‒‒‒‒ ‒‒ ‒‒ ‒‒‒ ‒‒‒‒ ‒‒‒‒‒‒‒‒‒ ‒‒‒‒‒‒‒‒‒ ‒‒ ‒‒‒‒‒‒‒
‒‒‒‒ ‒‒‒‒‒‒‒ ‒‒‒‒‒‒‒ ‒‒‒‒ ‒‒‒‒‒‒‒‒ ‒‒‒‒‒‒ ‒‒‒‒‒‒‒‒‒ ‒‒‒‒ ‒‒‒‒‒‒‒‒‒ ‒‒‒‒ ‒‒‒‒‒‒‒‒‒ ‒‒‒‒ ‒‒‒‒ ‒‒‒‒‒‒‒‒‒‒‒ ‒‒‒‒‒‒‒‒‒ ‒‒‒‒ ‒‒ ‒‒‒‒‒ ‒‒‒‒
‒‒‒‒‒ ‒‒‒‒‒‒‒ ‒‒‒‒ ‒‒‒‒ ‒‒‒ ‒‒ ‒‒‒‒ ‒‒‒‒ ‒‒‒‒ ‒‒‒‒‒‒‒‒‒ ‒‒‒‒ ‒‒‒‒ ‒‒‒‒‒‒‒‒‒ ‒‒‒‒ ‒‒‒‒‒‒‒‒ ‒‒‒ ‒‒‒‒
‒‒‒‒‒‒‒‒‒‒‒ ‒‒‒ ‒‒‒‒ ‒‒‒‒ ‒‒‒‒‒‒‒ ‒‒‒‒‒‒‒ ‒‒ ‒‒‒‒‒‒‒ ‒‒‒‒‒‒‒‒‒‒‒ ‒‒‒‒ ‒‒‒‒‒‒ ‒‒‒ ‒‒‒‒‒‒‒ ‒‒‒‒‒‒‒ ‒‒‒ ‒‒‒‒
‒‒‒‒ ‒‒‒‒ ‒‒‒‒‒‒‒‒‒ ‒‒‒‒‒‒‒‒ ‒‒‒‒ ‒‒‒‒‒‒‒‒ ‒‒‒‒‒‒ ‒‒‒‒ ‒‒‒ ‒‒‒ ‒‒‒‒‒‒‒ ‒‒‒‒‒ ‒‒‒‒‒ ‒‒‒‒‒‒‒‒ ‒‒‒‒‒‒‒ ‒‒‒‒‒ ‒‒‒‒‒‒‒‒‒‒‒ ‒‒ ‒‒‒‒‒‒‒‒‒‒‒ ‒‒‒‒‒‒‒‒ ‒‒‒‒‒‒‒‒‒
‒‒‒‒ ‒‒‒‒‒‒‒‒‒‒‒ ‒‒‒‒ ‒‒‒‒‒ ‒‒‒‒‒‒‒ ‒‒‒‒‒‒‒‒‒‒‒ ‒‒‒‒‒ ‒‒‒‒‒‒‒ ‒‒‒‒‒ ‒‒‒‒‒‒ ‒‒‒‒ ‒‒ ‒‒‒‒‒‒‒‒‒ ‒‒‒ ‒‒‒‒‒ ‒‒‒‒‒‒‒‒ ‒‒‒ ‒‒ ‒‒‒‒‒‒‒‒ ‒‒‒‒‒‒‒‒‒
‒‒‒‒‒‒‒‒‒‒‒ ‒‒‒‒ ‒‒‒‒‒‒‒ ‒‒‒‒‒‒ ‒‒‒‒‒‒‒‒‒‒‒ ‒‒‒‒‒ ‒‒‒ ‒‒‒‒ ‒‒‒‒‒‒ ‒‒‒‒ ‒‒‒‒ ‒‒‒‒ ‒‒‒‒ ‒‒‒‒ ‒‒‒ ‒‒‒‒‒‒‒‒‒‒‒ ‒‒‒‒‒‒‒‒ ‒‒
‒‒‒‒ ‒‒‒‒‒ ‒‒‒‒‒‒‒‒‒‒‒ ‒‒‒‒‒‒‒‒‒ ‒‒‒‒‒‒‒‒‒ ‒‒‒‒‒‒‒‒‒‒‒ ‒‒‒‒‒‒ ‒‒ ‒‒‒ ‒‒‒‒‒‒‒‒‒ ‒‒ ‒‒‒‒‒‒ ‒‒‒‒‒‒‒‒‒‒‒ ‒‒‒‒ ‒‒‒‒‒ ‒‒‒‒‒‒‒‒‒ ‒‒‒‒‒‒‒‒‒‒‒ ‒‒‒‒ ‒‒ ‒‒‒‒‒‒‒‒‒‒‒ ‒‒‒‒
‒‒‒‒‒‒‒ ‒‒‒‒‒‒‒ ‒‒‒‒‒‒‒‒‒ ‒‒‒‒‒ ‒‒ ‒‒‒‒‒‒‒‒‒‒‒ ‒‒‒‒ ‒‒‒‒‒ ‒‒‒‒‒ ‒‒‒‒‒‒‒‒‒ ‒‒‒‒‒‒‒ ‒‒‒‒‒‒‒‒‒‒‒ ‒‒‒‒ ‒‒‒‒ ‒‒‒‒‒‒‒ ‒‒‒‒ ‒‒‒‒‒‒‒‒‒‒‒ ‒‒‒‒‒‒‒ ‒‒‒‒ ‒‒
‒‒‒ ‒‒‒‒ ‒‒‒‒ ‒‒‒‒‒‒‒‒‒ ‒‒‒‒ ‒‒‒‒ ‒‒‒‒‒‒‒‒‒‒‒ ‒‒‒‒‒‒ ‒‒‒‒ ‒‒‒‒ ‒‒‒‒ ‒‒‒‒‒‒‒‒‒‒‒ ‒‒‒‒‒‒‒‒ ‒‒‒‒‒‒ ‒‒‒‒‒‒‒‒‒ ‒‒‒‒‒ ‒‒‒‒ ‒‒‒‒‒ ‒‒‒‒‒‒‒‒ ‒‒‒‒ ‒‒‒‒‒‒‒‒‒
‒‒‒‒‒‒ ‒‒‒‒‒ ‒‒‒‒‒‒‒ ‒‒‒‒‒‒‒ ‒‒‒‒‒‒‒‒‒ ‒‒‒‒‒‒‒‒‒‒‒ ‒‒‒‒‒‒‒‒ ‒‒‒‒‒‒‒ ‒‒‒‒‒‒‒‒ ‒‒‒‒‒ ‒‒ ‒‒‒‒ ‒‒‒‒‒‒‒‒ ‒‒‒‒ ‒‒ ‒‒‒‒ ‒‒ ‒‒‒‒ ‒‒‒‒‒‒‒ ‒‒‒‒
‒‒ ‒‒‒‒‒ ‒‒ ‒‒‒‒‒‒‒‒‒‒‒ ‒‒ ‒‒‒‒‒‒‒‒‒‒‒ ‒‒‒‒‒‒‒ ‒‒‒‒‒‒ ‒‒‒‒‒ ‒‒‒‒ ‒‒‒ ‒‒‒‒ ‒‒‒‒ ‒‒‒‒‒‒ ‒‒‒‒‒‒‒‒ ‒‒ ‒‒‒ ‒‒
‒‒‒‒‒ ‒‒‒‒‒‒‒‒‒ ‒‒‒‒‒ ‒‒‒‒ ‒‒‒‒‒‒ ‒‒‒‒‒‒‒‒‒‒‒ ‒‒‒‒‒‒‒‒‒‒‒ ‒‒‒‒ ‒‒‒‒‒‒‒ ‒‒‒‒‒ ‒‒ ‒‒‒‒ ‒‒‒‒‒‒ ‒‒‒‒‒‒‒‒ ‒‒‒‒ ‒‒‒‒‒ ‒‒‒‒‒‒ ‒‒‒‒ ‒‒‒‒‒ ‒‒‒‒‒‒‒‒ ‒‒‒‒
‒‒‒‒‒‒‒‒‒ ‒‒‒ ‒‒‒‒‒‒ ‒‒‒‒‒‒‒ ‒‒‒‒ ‒‒‒‒‒‒ ‒‒‒‒‒‒‒‒ ‒‒‒‒ ‒‒ ‒‒‒‒‒‒‒‒ ‒‒‒‒‒‒‒ ‒‒‒‒‒‒ ‒‒‒‒‒‒ ‒‒‒ ‒‒‒‒‒‒‒‒‒ ‒‒
‒‒‒‒‒‒‒ ‒‒‒‒‒‒‒‒ ‒‒‒‒‒‒‒‒‒‒‒ ‒‒ ‒‒‒‒‒ ‒‒‒‒ ‒‒‒‒‒‒‒‒‒‒‒ ‒‒‒‒‒‒‒ ‒‒‒‒‒‒ ‒‒‒‒‒‒‒‒‒ ‒‒‒‒‒‒‒‒‒‒‒ ‒‒‒ ‒‒‒‒‒‒ ‒‒‒‒‒‒ ‒‒‒ ‒‒‒‒‒‒‒ ‒‒‒‒ ‒‒‒‒ ‒‒‒
‒‒‒‒ ‒‒‒‒‒‒‒‒‒ ‒‒ ‒‒‒‒‒‒ ‒‒‒‒‒‒‒‒‒‒‒ ‒‒‒‒‒‒‒‒‒ ‒‒‒ ‒‒‒‒‒‒‒ ‒‒ ‒‒‒‒‒‒‒‒‒ ‒‒‒‒‒‒ ‒‒‒‒‒ ‒‒‒ ‒‒‒‒ ‒‒‒‒‒ ‒‒‒‒‒ ‒‒‒‒‒‒‒ ‒‒‒‒ ‒‒‒‒‒‒‒‒‒
‒‒ ‒‒‒‒‒‒‒‒‒ ‒‒‒‒‒‒‒‒‒‒‒ ‒‒ ‒‒‒‒ ‒‒‒‒‒‒‒‒‒‒‒ ‒‒‒ ‒‒‒‒‒‒‒‒‒ ‒‒ ‒‒‒ ‒‒‒‒‒‒‒ ‒‒ ‒‒‒‒‒‒‒‒‒‒‒ ‒‒‒‒‒‒‒‒‒‒‒ ‒‒‒‒ ‒‒‒‒‒
‒‒‒‒‒‒ ‒‒ ‒‒‒‒‒‒‒‒ ‒‒ ‒‒ ‒‒‒‒‒‒‒‒‒ ‒‒‒‒‒‒‒‒‒ ‒‒‒‒ ‒‒‒ ‒‒‒‒‒‒‒‒‒ ‒‒‒‒ ‒‒‒‒‒‒‒‒ ‒‒‒‒ ‒‒‒‒ ‒‒‒‒‒‒‒‒ ‒‒‒‒ ‒‒‒‒‒‒‒‒‒‒‒ ‒‒‒‒‒‒ ‒‒‒‒‒‒‒
‒‒‒‒‒ ‒‒‒‒‒‒‒‒‒ ‒‒ ‒‒‒‒ ‒‒‒‒ ‒‒‒‒‒‒‒‒‒ ‒‒‒‒ ‒‒‒‒‒‒‒ ‒‒‒‒‒ ‒‒‒‒‒‒‒‒‒‒‒ ‒‒ ‒‒‒ ‒‒‒‒‒‒‒ ‒‒ ‒‒‒‒‒‒‒‒ ‒‒‒‒‒‒‒‒‒‒‒ ‒‒ ‒‒‒
‒‒‒‒ ‒‒‒‒‒‒‒‒‒ ‒‒‒‒‒‒‒ ‒‒‒ ‒‒‒‒ ‒‒‒‒ ‒‒‒‒‒‒‒‒‒‒‒ ‒‒‒‒‒‒‒‒ ‒‒‒‒‒‒‒‒‒ ‒‒‒‒‒‒‒‒ ‒‒‒ ‒‒‒‒‒‒‒ ‒‒‒‒‒‒‒ ‒‒‒‒‒‒‒ ‒‒‒‒‒‒ ‒‒‒‒‒‒‒‒ ‒‒‒‒‒‒‒‒ ‒‒‒ ‒‒‒‒‒‒ ‒‒‒‒‒‒‒ ‒‒‒‒‒‒‒‒‒
‒‒‒‒‒‒‒ ‒‒‒‒‒ ‒‒‒‒‒‒‒‒‒ ‒‒‒‒‒ ‒‒‒‒‒‒‒‒ ‒‒‒ ‒‒‒ ‒‒‒‒‒‒‒ ‒‒‒‒‒‒‒‒‒‒‒ ‒‒‒ ‒‒ ‒‒‒ ‒‒ ‒‒ ‒‒‒‒‒‒‒ ‒‒‒‒ ‒‒ ‒‒‒‒ ‒‒‒‒‒
‒‒‒‒ ‒‒‒‒‒‒‒‒‒‒‒ ‒‒‒‒‒‒‒‒‒ ‒‒‒‒‒ ‒‒‒‒‒‒‒ ‒‒‒‒‒‒‒‒ ‒‒‒‒‒‒‒ ‒‒‒‒‒‒‒ ‒‒‒‒‒‒‒‒‒ ‒‒‒‒‒ ‒‒‒‒‒‒‒ ‒‒‒‒‒‒‒‒‒‒‒ ‒‒ ‒‒‒‒‒ ‒‒‒‒‒‒ ‒‒‒‒
‒‒ ‒‒‒ ‒‒‒‒ ‒‒‒‒‒‒‒‒‒‒‒ ‒‒‒‒‒‒ ‒‒‒‒ ‒‒‒‒‒‒‒‒‒‒‒ ‒‒ ‒‒‒‒ ‒‒‒‒ ‒‒ ‒‒‒‒‒‒ ‒‒‒‒ ‒‒‒‒‒‒‒‒ ‒‒‒‒ ‒‒‒‒‒‒ ‒‒‒‒‒‒‒ ‒‒‒‒‒‒‒‒‒‒‒ ‒‒‒‒‒‒‒‒
‒‒‒‒‒‒‒ ‒‒‒‒ ‒‒‒‒‒‒ ‒‒‒‒‒‒‒‒‒‒‒ ‒‒ ‒‒‒‒ ‒‒‒‒ ‒‒‒‒‒‒ ‒‒ ‒‒‒‒‒‒‒‒ ‒‒‒‒ ‒‒‒‒‒‒‒ ‒‒‒‒‒ ‒‒ ‒‒‒‒‒‒‒ ‒‒‒‒‒‒‒‒‒‒‒ ‒‒‒ ‒‒‒‒‒‒‒‒‒‒‒ ‒‒‒
‒‒‒‒‒‒ ‒‒‒‒‒ ‒‒‒‒‒‒‒ ‒‒‒‒ ‒‒‒‒‒‒ ‒‒‒‒‒‒‒ ‒‒ ‒‒‒‒‒‒‒‒‒ ‒‒‒‒‒‒‒‒‒‒‒ ‒‒‒‒‒‒‒‒‒ ‒‒‒‒ ‒‒‒‒‒ ‒‒‒‒ ‒‒‒‒‒‒‒‒‒‒‒ ‒‒ ‒‒‒‒‒‒‒‒ ‒‒‒

II Svojeručno potpisan:

‒‒ ‒‒‒‒ ‒‒‒‒‒‒ ‒‒‒ ‒‒‒ ‒‒‒‒‒‒ ‒‒‒‒‒‒‒‒‒ ‒‒ ‒‒‒‒‒‒ ‒‒‒‒‒ ‒‒‒‒‒‒‒ ‒‒‒‒‒‒‒ ‒‒‒‒ ‒‒ ‒‒‒‒‒‒ ‒‒‒‒ ‒‒‒ ‒‒
‒‒ ‒‒‒‒‒‒‒ ‒‒‒ ‒‒‒‒ ‒‒‒‒‒‒‒‒ ‒‒‒‒‒‒‒ ‒‒‒‒‒‒ ‒‒‒‒‒‒‒‒‒ ‒‒‒‒‒ ‒‒‒‒‒‒‒‒‒ ‒‒‒‒ ‒‒‒‒‒‒ ‒‒‒‒‒‒‒‒‒ ‒‒‒‒‒‒‒‒‒‒‒ ‒‒‒‒ ‒‒‒‒ ‒‒‒‒‒ ‒‒‒‒
‒‒ ‒‒‒ ‒‒‒‒‒‒‒‒‒ ‒‒‒ ‒‒‒‒ ‒‒‒‒‒‒‒‒‒‒‒ ‒‒‒‒ ‒‒‒‒‒‒‒‒‒ ‒‒‒‒‒ ‒‒‒‒‒ ‒‒‒ ‒‒‒‒ ‒‒‒‒‒‒‒‒‒‒‒ ‒‒‒‒‒‒‒‒ ‒‒‒‒ ‒‒‒‒‒‒‒‒‒ ‒‒‒‒‒‒‒‒‒‒‒ ‒‒‒ ‒‒‒‒ ‒‒‒‒ ‒‒‒‒‒‒‒‒‒‒‒
‒‒‒‒‒ ‒‒‒‒‒‒ ‒‒‒‒‒‒ ‒‒‒ ‒‒ ‒‒‒‒‒‒‒‒ ‒‒‒‒ ‒‒‒‒‒‒ ‒‒‒‒‒‒ ‒‒‒‒‒‒‒‒‒‒‒ ‒‒ ‒‒‒ ‒‒‒ ‒‒‒‒‒ ‒‒‒‒ ‒‒‒‒ ‒‒‒‒ ‒‒
‒‒ ‒‒‒ ‒‒‒‒ ‒‒‒‒‒ ‒‒‒‒‒‒‒‒‒ ‒‒‒‒‒‒‒‒‒ ‒‒‒‒‒‒‒ ‒‒‒‒‒ ‒‒‒‒‒ ‒‒‒‒ ‒‒‒‒‒‒‒‒ ‒‒‒‒‒‒‒‒‒‒‒ ‒‒‒‒‒‒ ‒‒‒‒‒‒‒ ‒‒ ‒‒‒ ‒‒ ‒‒‒‒‒ ‒‒‒‒‒‒‒‒‒ ‒‒‒‒‒‒ ‒‒‒‒‒‒
‒‒‒‒‒‒‒‒‒‒‒ ‒‒‒‒‒‒‒‒‒‒‒ ‒‒‒‒‒‒ ‒‒‒ ‒‒‒‒‒‒‒ ‒‒‒‒‒‒ ‒‒ ‒‒‒‒‒‒‒ ‒‒‒‒‒‒‒‒‒‒‒ ‒‒‒ ‒‒‒ ‒‒‒‒‒ ‒‒ ‒‒‒‒‒‒‒‒‒‒‒ ‒‒‒‒ ‒‒‒‒‒‒‒‒ ‒‒‒
‒‒‒‒‒‒‒‒ ‒‒‒‒‒‒‒ ‒‒‒‒‒‒‒‒ ‒‒‒‒ ‒‒‒‒‒‒ ‒‒‒‒ ‒‒‒‒‒‒‒ ‒‒‒‒‒ ‒‒‒‒‒‒‒‒‒‒‒ ‒‒‒‒‒‒‒ ‒‒‒‒‒‒‒‒‒‒‒ ‒‒‒‒‒ ‒‒‒‒‒ ‒‒‒‒ ‒‒‒‒‒‒‒‒‒‒‒ ‒‒‒
‒‒‒‒ ‒‒‒‒‒‒‒ ‒‒‒‒‒‒‒‒‒ ‒‒‒ ‒‒‒‒‒ ‒‒‒‒‒‒‒ ‒‒‒‒‒‒‒‒‒ ‒‒‒‒‒‒ ‒‒‒‒‒‒ ‒‒‒‒‒‒ ‒‒‒‒ ‒‒‒ ‒‒‒‒‒ ‒‒‒‒‒‒‒ ‒‒‒ ‒‒‒ ‒‒‒‒‒ ‒‒‒ ‒‒‒‒‒ ‒‒‒

Obratiti pažnju na slijedeće dokumente koji se neće dostavljati, jer ih bi dostavljali kod ulaska u rad zatim:

‒‒‒‒‒ ‒‒‒‒‒‒‒‒ ‒‒ ‒‒‒‒‒‒ ‒‒‒‒ ‒‒‒‒‒‒‒‒‒‒‒ ‒‒‒‒‒ ‒‒‒‒ ‒‒ ‒‒‒‒‒‒‒‒‒ ‒‒‒‒ ‒‒‒‒‒‒‒‒‒ ‒‒‒‒‒‒‒‒‒‒‒ ‒‒ ‒‒ ‒‒‒‒‒‒‒‒ ‒‒‒ ‒‒‒‒‒‒ ‒‒
‒‒‒‒ ‒‒‒‒ ‒‒‒‒‒‒‒‒‒ ‒‒‒‒ ‒‒‒ ‒‒ ‒‒‒‒ ‒‒‒‒‒‒‒ ‒‒ ‒‒‒‒‒ ‒‒‒‒‒‒‒ ‒‒ ‒‒‒‒ ‒‒‒‒‒ ‒‒‒‒‒‒‒ ‒‒‒‒‒‒ ‒‒ ‒‒‒‒‒‒
‒‒‒‒‒‒‒‒ ‒‒ ‒‒‒‒ ‒‒‒‒ ‒‒‒ ‒‒‒‒ ‒‒‒‒‒‒‒‒ ‒‒‒‒ ‒‒‒‒‒‒‒‒‒ ‒‒‒‒‒ ‒‒ ‒‒‒‒ ‒‒‒‒ ‒‒‒‒‒‒‒‒ ‒‒ ‒‒
‒‒‒ ‒‒‒‒‒‒‒‒ ‒‒‒‒‒‒ ‒‒‒‒‒‒‒‒‒‒‒ ‒‒‒‒‒ ‒‒‒‒‒‒‒‒‒‒‒ ‒‒‒ ‒‒ ‒‒‒‒‒ ‒‒‒ ‒‒‒‒‒‒ ‒‒‒‒‒‒‒‒‒ ‒‒‒‒‒‒‒ ‒‒‒‒ ‒‒‒‒‒‒‒‒‒‒‒ ‒‒‒‒‒‒‒‒‒ ‒‒‒‒‒‒‒‒‒ ‒‒‒‒ ‒‒‒‒‒‒‒‒‒ ‒‒‒‒ ‒‒‒‒‒‒‒‒‒‒‒
‒‒‒‒‒‒‒‒ ‒‒‒ ‒‒‒ ‒‒‒‒‒‒‒ ‒‒‒‒ ‒‒‒‒‒‒‒‒ ‒‒‒‒‒‒‒‒‒‒‒ ‒‒‒‒‒‒‒ ‒‒‒‒‒‒‒ ‒‒‒ ‒‒‒‒‒ ‒‒‒‒‒‒‒ ‒‒‒‒‒‒‒ ‒‒‒‒‒‒‒ ‒‒‒‒‒‒‒‒‒ ‒‒‒‒‒‒ ‒‒‒‒‒‒‒‒‒‒‒ ‒‒‒ ‒‒‒‒‒‒‒‒‒
‒‒‒ ‒‒‒‒‒‒ ‒‒‒‒‒‒‒ ‒‒‒‒‒‒ ‒‒‒‒ ‒‒‒‒ ‒‒‒‒ ‒‒‒‒‒ ‒‒‒‒‒‒‒‒ ‒‒‒‒‒‒‒‒‒‒‒ ‒‒‒‒ ‒‒‒‒‒‒‒ ‒‒‒ ‒‒‒‒‒ ‒‒‒‒‒‒ ‒‒‒‒ ‒‒‒‒‒‒ ‒‒‒‒ ‒‒‒‒
‒‒‒‒‒‒‒‒‒ ‒‒‒ ‒‒‒‒‒‒‒‒‒‒‒ ‒‒‒‒‒ ‒‒‒‒‒‒‒‒ ‒‒‒‒‒ ‒‒ ‒‒‒‒‒‒‒‒‒ ‒‒‒‒‒ ‒‒‒‒ ‒‒‒‒ ‒‒‒‒‒‒‒ ‒‒‒‒‒ ‒‒‒‒‒ ‒‒‒‒‒‒‒‒ ‒‒‒‒‒‒‒
‒‒‒‒‒‒‒‒‒ ‒‒‒‒‒ ‒‒‒‒ ‒‒‒‒‒‒ ‒‒‒‒‒‒‒‒ ‒‒‒‒‒‒ ‒‒‒‒‒ ‒‒‒‒‒‒‒‒ ‒‒‒‒ ‒‒‒‒‒‒‒‒ ‒‒‒‒ ‒‒‒‒ ‒‒‒‒‒‒‒‒‒‒‒ ‒‒‒‒‒‒‒ ‒‒‒‒‒‒‒‒ ‒‒‒‒‒‒‒ ‒‒‒ ‒‒ ‒‒ ‒‒‒‒‒ ‒‒‒
‒‒‒‒‒‒‒‒‒ ‒‒‒‒‒‒‒‒‒ ‒‒‒ ‒‒‒ ‒‒‒ ‒‒‒‒‒‒‒‒‒ ‒‒‒‒‒‒ ‒‒‒‒‒ ‒‒‒ ‒‒‒‒ ‒‒‒ ‒‒‒‒‒‒‒ ‒‒‒ ‒‒‒ ‒‒‒‒‒‒‒‒‒‒‒ ‒‒‒‒‒ ‒‒‒‒‒‒ ‒‒‒‒‒‒‒
‒‒‒‒‒‒‒‒ ‒‒‒‒ ‒‒ ‒‒‒‒‒‒ ‒‒‒‒‒‒‒‒‒‒‒ ‒‒‒ ‒‒‒‒ ‒‒‒‒‒‒ ‒‒‒‒‒‒‒‒‒ ‒‒ ‒‒‒‒‒‒‒ ‒‒‒ ‒‒‒‒‒‒‒‒‒‒‒ ‒‒‒‒‒‒‒‒‒‒‒ ‒‒‒‒‒‒‒‒‒ ‒‒‒‒‒‒‒‒ ‒‒‒‒ ‒‒‒‒‒‒‒‒ ‒‒‒‒‒ ‒‒‒‒‒‒‒‒‒‒‒
‒‒‒‒ ‒‒‒‒ ‒‒‒‒ ‒‒ ‒‒‒‒‒‒‒‒ ‒‒‒‒ ‒‒‒‒ ‒‒‒‒ ‒‒‒‒‒‒‒ ‒‒‒ ‒‒‒‒‒‒‒‒‒‒‒ ‒‒‒‒ ‒‒‒‒‒‒‒ ‒‒‒‒‒‒‒‒‒ ‒‒‒‒‒‒‒ ‒‒‒‒‒‒‒‒ ‒‒‒‒‒‒‒‒‒ ‒‒‒‒‒‒‒‒‒‒‒ ‒‒‒‒ ‒‒‒
‒‒‒‒‒‒‒‒ ‒‒‒ ‒‒‒ ‒‒‒‒‒‒‒‒ ‒‒‒‒‒‒‒‒ ‒‒‒‒‒‒‒‒ ‒‒ ‒‒‒‒‒‒ ‒‒‒‒‒‒‒‒‒‒‒ ‒‒‒ ‒‒‒‒ ‒‒‒ ‒‒‒ ‒‒‒‒‒‒‒‒ ‒‒‒‒‒‒‒‒‒‒‒ ‒‒‒‒‒‒‒ ‒‒‒‒‒‒‒‒‒
‒‒‒ ‒‒‒‒‒ ‒‒ ‒‒‒‒ ‒‒‒‒‒‒ ‒‒‒‒‒‒ ‒‒‒‒ ‒‒‒‒‒ ‒‒‒‒‒ ‒‒‒ ‒‒‒ ‒‒‒ ‒‒ ‒‒‒‒‒‒‒‒‒ ‒‒‒‒‒‒‒‒‒‒‒ ‒‒‒‒‒‒‒ ‒‒‒‒‒‒‒‒‒ ‒‒‒‒ ‒‒‒‒‒ ‒‒
‒‒‒‒‒‒‒‒ ‒‒‒‒‒‒‒‒‒ ‒‒‒ ‒‒‒‒ ‒‒‒‒‒‒‒ ‒‒‒‒‒‒‒‒ ‒‒‒‒‒‒‒ ‒‒ ‒‒‒ ‒‒‒‒‒‒ ‒‒‒‒‒‒‒‒‒‒‒ ‒‒ ‒‒‒‒ ‒‒‒ ‒‒‒‒‒‒‒‒‒ ‒‒‒‒‒‒ ‒‒ ‒‒‒‒‒‒‒‒ ‒‒‒‒ ‒‒‒‒‒‒‒‒
‒‒‒ ‒‒‒‒ ‒‒‒‒‒‒‒‒‒ ‒‒‒‒ ‒‒‒‒‒‒‒‒‒‒‒ ‒‒‒‒ ‒‒‒‒‒‒‒‒‒‒‒ ‒‒‒‒ ‒‒‒‒‒‒‒‒‒ ‒‒‒‒ ‒‒‒‒‒‒‒ ‒‒‒‒‒ ‒‒‒‒‒‒ ‒‒‒‒‒ ‒‒‒‒‒‒‒‒ ‒‒‒‒‒‒ ‒‒‒‒‒ ‒‒‒ ‒‒‒ ‒‒‒‒‒
‒‒‒‒ ‒‒‒‒ ‒‒‒‒ ‒‒‒‒ ‒‒‒ ‒‒‒‒‒‒‒‒ ‒‒‒‒‒‒ ‒‒‒‒‒‒‒‒ ‒‒ ‒‒‒‒‒‒ ‒‒‒ ‒‒‒‒‒‒‒‒ ‒‒‒‒‒ ‒‒‒‒ ‒‒‒‒‒‒ ‒‒‒ ‒‒‒‒ ‒‒‒‒ ‒‒ ‒‒‒‒‒‒‒‒
‒‒‒‒‒‒‒‒‒‒‒ ‒‒‒‒‒‒‒‒‒ ‒‒ ‒‒‒ ‒‒‒‒‒‒ ‒‒ ‒‒ ‒‒‒‒ ‒‒‒‒ ‒‒‒‒ ‒‒‒‒‒‒‒ ‒‒‒‒‒‒‒‒ ‒‒‒‒ ‒‒‒ ‒‒‒ ‒‒‒‒‒‒‒ ‒‒‒‒‒‒‒‒ ‒‒‒‒‒‒‒ ‒‒
‒‒‒‒ ‒‒‒‒ ‒‒‒ ‒‒‒‒‒ ‒‒‒‒‒ ‒‒‒‒‒‒‒‒‒‒‒ ‒‒‒‒‒‒ ‒‒‒‒‒‒ ‒‒‒‒‒‒‒‒‒ ‒‒‒‒‒‒‒ ‒‒‒‒ ‒‒‒‒‒‒ ‒‒‒‒‒‒‒‒‒ ‒‒‒‒‒‒ ‒‒‒‒‒‒‒‒‒‒‒ ‒‒‒‒‒‒ ‒‒‒‒‒‒‒‒‒ ‒‒‒‒‒‒‒‒‒
‒‒‒‒‒‒‒‒‒ ‒‒‒‒‒‒‒‒‒‒‒ ‒‒‒ ‒‒‒‒‒‒‒ ‒‒‒‒‒‒‒‒‒ ‒‒‒‒‒‒‒‒‒ ‒‒‒‒ ‒‒ ‒‒‒ ‒‒ ‒‒‒‒ ‒‒‒‒‒‒‒‒‒ ‒‒‒‒‒‒‒ ‒‒ ‒‒‒‒ ‒‒‒‒ ‒‒‒ ‒‒‒‒
‒‒‒‒‒‒‒ ‒‒‒‒ ‒‒‒‒‒‒‒‒‒‒‒ ‒‒‒‒ ‒‒‒‒ ‒‒‒‒‒ ‒‒‒‒‒‒ ‒‒‒‒‒‒‒‒‒ ‒‒‒ ‒‒‒‒‒‒‒‒ ‒‒‒‒‒‒‒‒‒ ‒‒‒‒‒ ‒‒‒‒‒‒‒‒‒ ‒‒‒‒‒ ‒‒‒‒‒‒ ‒‒‒‒ ‒‒‒‒ ‒‒‒‒‒‒‒ ‒‒ ‒‒‒‒‒‒
‒‒‒ ‒‒ ‒‒‒‒‒‒‒‒‒‒‒ ‒‒‒‒‒‒ ‒‒‒‒‒‒‒‒‒ ‒‒‒‒‒‒‒‒‒‒‒ ‒‒‒‒ ‒‒‒ ‒‒‒‒‒‒‒‒‒‒‒ ‒‒‒‒‒‒‒‒ ‒‒‒‒‒‒‒‒‒‒‒ ‒‒‒‒‒‒‒ ‒‒‒‒‒‒‒‒‒‒‒ ‒‒‒ ‒‒‒‒‒‒‒‒‒ ‒‒‒‒ ‒‒‒ ‒‒‒‒
‒‒‒‒ ‒‒‒‒‒‒‒‒ ‒‒ ‒‒‒‒‒‒‒ ‒‒‒ ‒‒‒‒ ‒‒‒‒‒‒‒‒ ‒‒‒‒‒‒‒‒ ‒‒‒‒‒ ‒‒‒‒‒‒‒‒ ‒‒ ‒‒‒‒‒‒‒‒‒ ‒‒‒‒‒‒‒‒‒ ‒‒ ‒‒‒‒‒‒‒‒ ‒‒‒‒‒‒‒‒‒‒‒ ‒‒‒ ‒‒‒‒ ‒‒‒‒‒
‒‒‒‒‒‒‒‒‒ ‒‒‒‒‒‒‒‒ ‒‒ ‒‒‒‒‒‒‒‒ ‒‒‒‒‒‒ ‒‒‒‒ ‒‒‒‒‒‒‒‒ ‒‒‒‒ ‒‒‒‒‒‒‒‒ ‒‒‒‒ ‒‒‒‒‒‒‒‒‒ ‒‒‒‒‒‒ ‒‒‒‒‒‒‒ ‒‒‒‒‒‒‒ ‒‒ ‒‒‒‒
‒‒‒‒‒‒‒ ‒‒‒‒‒‒‒ ‒‒‒‒‒‒ ‒‒‒‒ ‒‒‒‒‒‒‒‒‒‒‒ ‒‒‒‒‒‒‒‒‒ ‒‒‒‒ ‒‒‒‒‒‒‒‒‒ ‒‒‒‒ ‒‒‒‒‒‒‒ ‒‒‒‒‒‒‒‒‒ ‒‒‒ ‒‒‒‒‒‒ ‒‒‒‒‒‒‒ ‒‒‒‒‒ ‒‒‒‒ ‒‒‒‒‒‒‒ ‒‒‒‒ ‒‒‒‒‒‒‒ ‒‒‒‒‒‒‒‒‒‒‒
‒‒‒‒ ‒‒‒‒‒ ‒‒‒‒ ‒‒‒‒ ‒‒‒‒‒‒ ‒‒‒‒‒‒‒‒ ‒‒‒‒‒‒‒‒‒ ‒‒‒‒‒‒‒‒‒‒‒ ‒‒‒‒‒‒‒ ‒‒ ‒‒‒‒ ‒‒‒‒‒‒ ‒‒‒‒‒‒‒‒ ‒‒‒‒‒‒‒ ‒‒‒‒‒‒‒ ‒‒‒‒ ‒‒‒‒‒‒‒‒‒
‒‒‒ ‒‒‒‒‒‒‒ ‒‒‒ ‒‒‒‒ ‒‒‒‒ ‒‒‒‒ ‒‒‒‒‒ ‒‒‒‒‒‒‒‒ ‒‒‒‒ ‒‒‒‒‒‒‒‒‒ ‒‒‒‒‒‒‒‒ ‒‒‒‒ ‒‒‒‒ ‒‒‒‒ ‒‒‒ ‒‒‒‒ ‒‒‒‒ ‒‒‒‒‒‒‒‒‒ ‒‒‒ ‒‒‒‒‒‒ ‒‒‒‒‒‒
‒‒‒‒ ‒‒ ‒‒‒‒‒ ‒‒‒ ‒‒ ‒‒‒‒‒‒‒ ‒‒‒‒‒‒ ‒‒‒‒‒‒‒‒ ‒‒‒‒ ‒‒‒‒‒‒‒‒ ‒‒‒‒‒‒‒ ‒‒ ‒‒‒ ‒‒‒‒‒‒‒‒‒‒‒ ‒‒‒ ‒‒‒‒‒‒‒ ‒‒‒‒‒‒‒‒ ‒‒‒‒‒‒‒‒‒ ‒‒‒‒
‒‒‒‒‒ ‒‒‒‒‒‒‒‒‒ ‒‒‒‒‒‒‒ ‒‒‒‒‒‒‒‒‒‒‒ ‒‒‒‒‒‒‒‒‒ ‒‒‒‒‒‒‒‒ ‒‒‒‒‒‒‒‒ ‒‒‒‒‒‒ ‒‒‒‒ ‒‒‒ ‒‒‒‒‒‒ ‒‒‒‒ ‒‒‒‒ ‒‒ ‒‒‒‒‒‒‒ ‒‒‒‒‒‒‒‒ ‒‒‒‒
‒‒‒ ‒‒‒‒‒‒‒‒‒ ‒‒‒‒‒‒ ‒‒‒‒‒‒‒‒‒ ‒‒‒‒‒‒‒‒ ‒‒‒‒ ‒‒‒‒‒‒‒‒‒‒‒ ‒‒‒‒‒‒‒‒‒ ‒‒‒‒ ‒‒‒‒‒‒‒‒‒‒‒ ‒‒‒‒ ‒‒‒ ‒‒‒‒ ‒‒‒‒ ‒‒‒ ‒‒ ‒‒‒‒‒‒‒‒ ‒‒‒‒‒‒‒‒‒ ‒‒‒‒ ‒‒‒‒‒‒‒‒‒ ‒‒‒‒
‒‒ ‒‒‒‒‒‒ ‒‒‒‒‒ ‒‒‒‒‒‒‒‒ ‒‒‒‒‒‒ ‒‒‒ ‒‒‒‒ ‒‒‒‒‒‒‒‒‒ ‒‒ ‒‒‒‒‒‒‒ ‒‒‒ ‒‒‒‒‒‒‒‒ ‒‒‒‒‒‒‒‒‒‒‒ ‒‒‒‒ ‒‒‒‒‒‒‒‒‒‒‒ ‒‒‒‒‒‒‒ ‒‒‒‒‒‒‒‒‒ ‒‒‒ ‒‒‒‒‒‒‒‒ ‒‒‒‒‒‒‒‒‒ ‒‒‒‒‒‒‒
‒‒‒ ‒‒‒‒‒‒ ‒‒‒‒ ‒‒‒‒‒ ‒‒‒ ‒‒‒ ‒‒‒ ‒‒‒‒‒‒‒‒‒ ‒‒‒‒‒ ‒‒‒‒‒‒‒ ‒‒‒‒‒‒‒‒‒ ‒‒‒‒‒‒‒‒ ‒‒‒‒‒‒ ‒‒‒‒‒‒ ‒‒‒‒‒‒‒‒‒ ‒‒‒‒ ‒‒‒‒‒‒‒‒‒‒‒ ‒‒‒‒
‒‒‒‒‒‒‒‒ ‒‒‒‒ ‒‒‒‒‒‒‒‒‒ ‒‒‒‒‒‒‒‒‒‒‒ ‒‒‒‒‒‒‒‒‒ ‒‒‒‒‒‒‒ ‒‒ ‒‒‒‒ ‒‒‒‒‒ ‒‒‒‒ ‒‒‒‒‒‒ ‒‒‒‒ ‒‒‒‒ ‒‒ ‒‒‒‒‒‒ ‒‒‒‒‒‒‒ ‒‒‒ ‒‒‒ ‒‒‒‒‒‒‒ ‒‒‒‒‒‒‒‒
‒‒‒ ‒‒‒‒‒‒‒‒‒ ‒‒‒‒ ‒‒‒‒‒‒‒‒‒‒‒ ‒‒‒‒‒‒ ‒‒‒‒‒‒ ‒‒‒ ‒‒‒ ‒‒‒‒‒‒‒‒ ‒‒‒‒ ‒‒‒‒‒‒‒‒‒‒‒ ‒‒‒‒‒‒‒ ‒‒ ‒‒‒‒‒ ‒‒‒‒‒‒ ‒‒‒‒‒‒‒‒‒ ‒‒‒‒
‒‒‒‒‒‒ ‒‒‒ ‒‒ ‒‒‒‒ ‒‒‒‒ ‒‒‒‒‒‒‒‒‒‒‒ ‒‒ ‒‒‒‒ ‒‒‒‒‒‒‒‒ ‒‒‒‒‒‒‒ ‒‒‒‒ ‒‒ ‒‒‒‒‒‒‒‒ ‒‒‒‒‒‒ ‒‒‒‒ ‒‒‒‒‒‒‒‒‒
‒‒‒‒‒‒‒‒‒‒‒ ‒‒‒‒ ‒‒‒‒ ‒‒‒ ‒‒‒‒‒‒‒‒ ‒‒‒‒‒ ‒‒‒‒‒‒‒‒‒‒‒ ‒‒‒‒ ‒‒‒ ‒‒‒‒ ‒‒‒‒‒‒‒ ‒‒‒‒‒‒‒‒ ‒‒‒‒ ‒‒‒‒‒‒‒ ‒‒‒‒‒‒‒‒‒‒‒ ‒‒‒ ‒‒‒‒‒‒‒‒‒ ‒‒‒ ‒‒‒‒‒‒‒‒‒
‒‒‒‒‒‒‒‒‒‒‒ ‒‒‒‒‒‒‒‒‒‒‒ ‒‒‒‒ ‒‒‒‒‒‒‒‒‒‒‒ ‒‒‒‒‒‒ ‒‒‒‒ ‒‒‒‒‒‒ ‒‒‒‒‒‒ ‒‒‒‒ ‒‒‒‒ ‒‒‒‒ ‒‒‒‒‒‒‒‒‒ ‒‒‒‒‒‒‒‒‒‒‒ ‒‒‒‒‒‒‒‒‒ ‒‒‒ ‒‒‒‒
‒‒‒ ‒‒‒‒‒ ‒‒‒‒‒‒‒ ‒‒‒‒‒‒‒‒‒‒‒ ‒‒‒‒‒‒‒‒ ‒‒ ‒‒‒‒‒‒‒ ‒‒‒‒‒‒‒‒ ‒‒‒‒‒ ‒‒‒‒ ‒‒‒‒‒‒‒‒‒‒‒ ‒‒‒ ‒‒‒‒‒‒‒‒‒ ‒‒‒‒‒‒ ‒‒‒‒‒ ‒‒‒‒ ‒‒‒‒‒‒‒‒‒ ‒‒‒‒‒‒‒‒‒ ‒‒‒ ‒‒‒‒‒‒‒‒ ‒‒
‒‒‒‒‒‒‒ ‒‒‒‒‒‒‒‒‒ ‒‒‒‒‒‒‒ ‒‒‒‒‒‒‒ ‒‒‒‒ ‒‒‒‒‒‒ ‒‒‒‒‒ ‒‒‒‒‒‒‒‒‒ ‒‒‒‒‒‒‒‒‒ ‒‒ ‒‒‒‒‒ ‒‒‒‒‒‒‒‒‒‒‒ ‒‒‒‒‒‒‒‒‒‒‒ ‒‒‒‒‒‒‒‒‒‒‒ ‒‒‒ ‒‒‒‒‒ ‒‒‒‒ ‒‒‒‒‒‒‒ ‒‒‒‒‒‒‒
‒‒‒‒ ‒‒‒ ‒‒‒‒‒‒ ‒‒‒‒‒‒‒‒‒ ‒‒‒‒‒‒‒ ‒‒‒‒‒‒‒‒‒ ‒‒‒ ‒‒‒ ‒‒‒‒‒‒‒‒‒ ‒‒‒‒‒‒‒‒‒ ‒‒‒‒ ‒‒‒‒ ‒‒‒‒‒‒‒ ‒‒‒‒ ‒‒‒‒ ‒‒‒‒ ‒‒‒‒‒‒‒ ‒‒ ‒‒‒‒‒‒‒‒ ‒‒‒‒‒‒‒‒‒ ‒‒‒‒‒‒‒
‒‒‒‒‒‒‒‒‒‒‒ ‒‒‒ ‒‒‒‒ ‒‒‒‒‒‒‒‒ ‒‒‒‒‒‒‒ ‒‒‒‒‒‒‒‒ ‒‒‒ ‒‒‒ ‒‒‒‒ ‒‒‒‒‒‒‒ ‒‒‒‒‒‒‒ ‒‒‒‒‒‒‒‒‒ ‒‒‒‒ ‒‒‒‒‒‒‒ ‒‒‒‒‒‒ ‒‒‒ ‒‒‒‒‒‒ ‒‒‒‒‒‒‒‒‒ ‒‒‒‒‒‒‒‒‒ ‒‒‒‒ ‒‒‒‒
‒‒‒‒ ‒‒‒‒‒ ‒‒‒‒‒ ‒‒‒‒‒ ‒‒‒‒‒‒ ‒‒‒‒‒ ‒‒‒‒‒‒‒ ‒‒‒‒‒‒‒‒‒‒‒ ‒‒‒‒ ‒‒ ‒‒‒‒‒‒‒‒‒ ‒‒‒‒‒‒‒ ‒‒‒‒‒‒‒‒ ‒‒‒‒ ‒‒‒‒‒‒‒‒‒‒‒ ‒‒‒‒‒‒‒‒‒‒‒ ‒‒‒‒‒ ‒‒‒‒ ‒‒‒‒‒
‒‒ ‒‒‒‒‒ ‒‒‒ ‒‒ ‒‒‒‒‒‒‒ ‒‒‒‒‒‒‒ ‒‒ ‒‒‒‒‒‒‒‒ ‒‒‒‒‒‒‒‒ ‒‒‒‒‒‒‒‒ ‒‒‒ ‒‒‒‒‒‒‒ ‒‒‒‒‒‒‒ ‒‒‒‒‒ ‒‒‒‒ ‒‒ ‒‒‒‒ ‒‒‒‒‒‒‒ ‒‒ ‒‒‒‒‒
‒‒‒‒‒‒ ‒‒‒‒‒‒‒‒ ‒‒‒‒‒ ‒‒‒‒‒‒‒ ‒‒‒‒‒‒‒ ‒‒‒‒‒ ‒‒‒‒‒‒ ‒‒‒‒‒‒‒‒‒ ‒‒‒‒‒‒‒‒‒ ‒‒‒‒‒‒‒‒‒ ‒‒‒‒ ‒‒ ‒‒‒‒ ‒‒ ‒‒‒‒‒‒‒‒‒ ‒‒‒‒‒ ‒‒‒‒‒‒‒‒‒ ‒‒‒ ‒‒‒‒‒‒ ‒‒‒‒‒‒‒‒‒‒‒
‒‒‒‒‒‒‒‒‒‒‒ ‒‒‒‒‒‒‒‒‒ ‒‒‒‒‒‒‒‒ ‒‒‒ ‒‒‒‒‒ ‒‒ ‒‒ ‒‒ ‒‒‒‒‒‒‒‒ ‒‒‒‒‒‒‒ ‒‒‒‒‒‒‒‒ ‒‒‒‒‒ ‒‒‒ ‒‒‒‒‒‒‒ ‒‒‒‒‒‒ ‒‒ ‒‒‒‒‒ ‒‒‒‒‒‒‒‒‒‒‒ ‒‒‒
‒‒‒ ‒‒‒‒‒‒‒‒‒‒‒ ‒‒‒‒‒ ‒‒‒‒‒‒ ‒‒‒‒‒‒ ‒‒‒‒‒‒‒‒ ‒‒‒ ‒‒‒ ‒‒‒ ‒‒ ‒‒‒‒ ‒‒‒‒ ‒‒‒‒ ‒‒‒‒‒‒‒‒‒ ‒‒‒‒ ‒‒‒‒‒‒‒‒‒‒‒ ‒‒ ‒‒‒‒‒
‒‒‒ ‒‒‒‒‒‒‒‒‒ ‒‒‒‒‒‒ ‒‒‒‒‒‒ ‒‒‒ ‒‒‒‒‒ ‒‒‒‒‒‒‒‒‒ ‒‒‒‒‒ ‒‒ ‒‒‒‒‒‒ ‒‒‒‒‒ ‒‒‒‒‒‒‒ ‒‒‒‒ ‒‒‒‒‒‒ ‒‒‒‒‒‒‒‒‒‒‒ ‒‒‒‒ ‒‒‒‒‒ ‒‒‒‒‒‒‒‒‒‒‒ ‒‒‒‒‒‒
‒‒ ‒‒‒‒‒‒ ‒‒‒‒‒ ‒‒‒‒‒‒ ‒‒‒‒‒‒‒‒‒ ‒‒‒‒‒‒ ‒‒‒‒‒‒‒‒‒ ‒‒‒ ‒‒‒‒‒‒‒‒ ‒‒‒ ‒‒‒‒‒‒‒‒‒‒‒ ‒‒‒‒ ‒‒ ‒‒‒‒‒‒‒ ‒‒‒ ‒‒‒‒ ‒‒‒‒
‒‒‒‒‒‒‒‒‒ ‒‒‒‒‒ ‒‒‒‒‒‒ ‒‒‒‒‒‒‒‒‒‒‒ ‒‒‒‒‒‒‒‒‒ ‒‒‒‒‒‒ ‒‒‒ ‒‒‒‒‒‒‒‒‒‒‒ ‒‒‒‒‒ ‒‒‒ ‒‒‒ ‒‒‒‒‒ ‒‒‒‒‒‒‒‒‒ ‒‒‒ ‒‒‒‒ ‒‒‒‒ ‒‒‒‒‒‒‒ ‒‒‒‒‒‒ ‒‒‒‒‒‒‒ ‒‒‒ ‒‒‒‒‒‒‒‒‒‒‒
‒‒‒‒‒‒‒ ‒‒‒‒‒‒ ‒‒‒‒‒‒‒‒ ‒‒‒‒‒‒‒ ‒‒‒‒ ‒‒‒ ‒‒‒‒‒‒‒‒‒‒‒ ‒‒‒‒‒‒‒‒‒‒‒ ‒‒‒‒ ‒‒‒ ‒‒‒‒‒‒‒‒‒‒‒ ‒‒‒‒‒‒‒‒‒‒‒ ‒‒‒ ‒‒‒ ‒‒‒‒ ‒‒‒‒‒‒‒‒ ‒‒‒‒‒‒‒‒‒‒‒ ‒‒‒‒‒‒ ‒‒‒‒‒‒‒‒ ‒‒
‒‒ ‒‒‒‒‒‒‒ ‒‒‒‒‒‒‒ ‒‒‒‒‒‒‒ ‒‒‒‒‒‒‒‒ ‒‒‒‒‒‒ ‒‒‒ ‒‒‒‒‒‒‒‒‒ ‒‒‒‒‒‒ ‒‒‒ ‒‒‒‒‒‒‒‒‒‒‒ ‒‒‒‒‒‒‒‒‒ ‒‒ ‒‒‒‒‒‒ ‒‒‒‒‒ ‒‒ ‒‒‒‒‒‒‒‒‒ ‒‒‒‒‒‒‒ ‒‒‒‒‒‒‒‒‒‒‒
‒‒‒‒‒‒‒‒ ‒‒‒‒‒ ‒‒‒‒ ‒‒‒‒‒‒‒ ‒‒‒‒‒‒‒ ‒‒‒‒ ‒‒‒‒‒‒‒‒‒ ‒‒‒ ‒‒‒‒‒‒‒ ‒‒‒‒ ‒‒‒‒ ‒‒‒‒‒ ‒‒‒‒‒‒‒ ‒‒‒‒‒‒‒ ‒‒‒‒ ‒‒ ‒‒‒‒‒‒‒‒ ‒‒‒‒‒
‒‒‒‒‒‒ ‒‒‒‒ ‒‒‒‒‒‒ ‒‒‒‒‒‒‒‒ ‒‒‒ ‒‒‒‒ ‒‒‒‒ ‒‒ ‒‒‒‒‒‒‒‒‒ ‒‒ ‒‒‒‒‒‒‒ ‒‒‒‒ ‒‒‒‒‒‒ ‒‒‒‒‒‒‒‒‒‒‒ ‒‒‒‒‒‒‒‒ ‒‒‒‒‒‒‒‒ ‒‒ ‒‒‒ ‒‒‒‒
‒‒‒‒‒‒‒‒ ‒‒‒‒‒‒ ‒‒‒‒‒‒ ‒‒‒‒‒‒ ‒‒‒‒ ‒‒‒‒‒‒‒‒‒‒‒ ‒‒‒‒‒‒ ‒‒‒‒ ‒‒‒‒ ‒‒‒‒‒‒‒‒‒ ‒‒‒‒‒‒‒ ‒‒‒ ‒‒‒ ‒‒‒‒‒‒‒‒ ‒‒‒‒‒ ‒‒‒‒‒‒‒‒‒‒‒
‒‒‒‒ ‒‒‒ ‒‒‒‒‒‒‒‒‒ ‒‒‒‒‒‒‒‒ ‒‒‒‒‒‒‒ ‒‒ ‒‒‒‒‒‒‒‒ ‒‒‒‒ ‒‒‒‒‒‒‒ ‒‒‒‒‒ ‒‒‒‒ ‒‒‒‒‒ ‒‒‒‒‒‒‒‒‒‒‒ ‒‒ ‒‒‒‒ ‒‒‒‒‒‒‒‒‒ ‒‒‒ ‒‒‒‒ ‒‒‒‒‒‒ ‒‒‒‒‒ ‒‒‒‒
‒‒ ‒‒‒‒‒‒‒ ‒‒‒‒ ‒‒‒‒ ‒‒‒‒‒‒‒‒‒ ‒‒‒‒‒‒‒‒ ‒‒‒ ‒‒‒‒‒‒‒‒‒‒‒ ‒‒‒‒‒‒‒ ‒‒‒‒‒‒ ‒‒‒‒‒‒‒‒‒‒‒ ‒‒‒‒‒‒‒ ‒‒‒‒‒‒ ‒‒‒‒‒‒‒‒‒‒‒ ‒‒‒‒‒‒‒‒‒ ‒‒
‒‒‒‒‒‒‒ ‒‒‒‒‒‒‒‒ ‒‒‒‒‒‒‒‒‒‒‒ ‒‒‒‒ ‒‒‒‒‒‒‒ ‒‒‒‒‒ ‒‒‒‒‒‒‒‒‒ ‒‒ ‒‒‒‒ ‒‒‒‒‒ ‒‒‒‒‒‒‒‒‒‒‒ ‒‒‒‒‒ ‒‒‒‒ ‒‒‒‒‒‒‒‒ ‒‒‒‒‒‒ ‒‒‒‒‒‒‒‒ ‒‒
‒‒‒ ‒‒‒ ‒‒‒‒‒‒‒ ‒‒‒‒‒‒‒‒ ‒‒‒‒‒‒‒ ‒‒‒‒‒ ‒‒‒‒‒‒ ‒‒‒‒ ‒‒‒‒‒‒‒‒ ‒‒‒‒‒‒ ‒‒‒‒‒‒ ‒‒‒‒‒‒‒ ‒‒ ‒‒‒‒‒‒‒ ‒‒‒‒‒‒‒‒‒ ‒‒ ‒‒ ‒‒‒‒ ‒‒‒‒‒‒‒ ‒‒‒‒‒‒‒‒‒
‒‒‒‒‒‒‒‒‒‒‒ ‒‒‒‒ ‒‒‒‒‒ ‒‒‒‒ ‒‒‒‒‒‒‒‒ ‒‒‒‒ ‒‒‒‒ ‒‒ ‒‒‒‒‒‒‒‒‒‒‒ ‒‒‒‒ ‒‒‒ ‒‒‒‒‒‒‒‒ ‒‒‒‒‒‒‒‒ ‒‒‒‒‒ ‒‒‒ ‒‒‒‒‒‒‒‒ ‒‒‒‒‒ ‒‒‒‒ ‒‒
‒‒‒ ‒‒‒‒ ‒‒‒‒ ‒‒‒‒‒‒‒‒ ‒‒‒‒ ‒‒‒‒‒‒‒‒‒ ‒‒‒ ‒‒ ‒‒‒ ‒‒ ‒‒‒‒‒‒‒‒‒ ‒‒‒‒‒‒‒ ‒‒‒‒‒‒‒‒‒ ‒‒‒‒‒‒‒‒‒‒‒ ‒‒ ‒‒‒‒ ‒‒‒ ‒‒‒‒‒‒ ‒‒‒‒ ‒‒‒‒‒‒‒ ‒‒‒‒
‒‒‒‒ ‒‒‒‒‒‒‒ ‒‒‒‒‒‒ ‒‒‒‒‒‒‒‒ ‒‒‒ ‒‒‒‒ ‒‒‒‒‒‒ ‒‒‒‒ ‒‒‒‒‒ ‒‒‒‒‒ ‒‒‒‒‒ ‒‒‒‒‒‒‒ ‒‒‒‒ ‒‒‒‒‒‒‒‒‒ ‒‒‒‒‒‒‒‒‒‒‒ ‒‒‒‒‒‒‒ ‒‒‒‒‒‒‒‒ ‒‒ ‒‒‒‒‒‒‒‒‒‒‒ ‒‒‒‒‒‒‒‒‒‒‒
‒‒‒‒‒‒‒ ‒‒‒‒‒‒‒ ‒‒‒‒‒ ‒‒‒‒ ‒‒‒‒‒ ‒‒‒‒‒‒‒‒‒ ‒‒‒‒ ‒‒‒ ‒‒‒ ‒‒‒‒‒‒‒‒‒ ‒‒‒‒ ‒‒‒‒‒‒‒‒‒ ‒‒‒‒ ‒‒‒‒‒‒‒‒‒‒‒ ‒‒‒ ‒‒ ‒‒‒ ‒‒‒ ‒‒‒‒‒ ‒‒‒‒‒‒‒‒ ‒‒‒‒‒‒‒‒‒‒‒
‒‒‒‒ ‒‒‒ ‒‒ ‒‒‒‒ ‒‒‒‒‒‒‒ ‒‒‒‒‒‒‒‒‒‒‒ ‒‒‒‒‒‒‒‒‒ ‒‒‒‒ ‒‒‒‒ ‒‒ ‒‒‒‒‒‒‒‒‒‒‒ ‒‒‒‒‒‒‒‒‒ ‒‒‒‒‒‒‒‒‒‒‒ ‒‒‒‒‒‒‒‒‒ ‒‒ ‒‒‒‒‒‒ ‒‒‒‒‒‒‒‒ ‒‒‒‒‒‒‒‒ ‒‒‒‒‒ ‒‒‒‒ ‒‒‒‒
‒‒‒‒ ‒‒‒‒ ‒‒‒‒ ‒‒‒‒‒‒‒‒‒ ‒‒ ‒‒‒‒‒‒‒ ‒‒‒‒‒‒‒‒‒ ‒‒‒‒‒‒‒‒ ‒‒‒‒‒‒‒ ‒‒‒‒‒ ‒‒ ‒‒‒ ‒‒‒‒‒‒‒ ‒‒‒‒‒‒‒‒ ‒‒‒‒ ‒‒‒‒‒‒‒‒‒‒‒ ‒‒‒‒‒‒‒‒‒ ‒‒‒‒‒‒‒‒‒ ‒‒‒‒ ‒‒‒‒‒‒‒‒‒
‒‒‒‒‒‒ ‒‒‒ ‒‒‒‒‒‒‒‒‒‒‒ ‒‒‒‒‒‒‒‒‒‒‒ ‒‒ ‒‒‒‒‒ ‒‒‒‒‒ ‒‒ ‒‒‒‒‒‒‒‒‒‒‒ ‒‒‒‒‒‒‒ ‒‒‒‒‒‒‒‒‒‒‒ ‒‒‒‒‒‒‒ ‒‒‒‒‒ ‒‒‒‒‒‒ ‒‒‒‒ ‒‒
‒‒‒‒‒ ‒‒‒‒‒‒‒‒ ‒‒‒‒ ‒‒‒ ‒‒‒‒ ‒‒‒‒‒‒‒‒ ‒‒‒‒‒‒ ‒‒‒‒‒‒‒‒‒ ‒‒‒‒‒ ‒‒‒ ‒‒‒‒‒‒‒ ‒‒ ‒‒‒ ‒‒‒‒‒‒‒‒ ‒‒‒‒ ‒‒‒ ‒‒‒‒‒‒‒ ‒‒ ‒‒
‒‒‒‒‒‒‒‒‒ ‒‒‒‒‒‒ ‒‒‒‒‒‒‒‒‒ ‒‒‒‒‒‒‒‒‒ ‒‒‒‒ ‒‒‒‒‒‒‒ ‒‒‒ ‒‒‒‒‒‒ ‒‒‒‒ ‒‒‒ ‒‒‒‒‒ ‒‒‒‒‒ ‒‒‒‒‒‒‒‒ ‒‒‒‒‒‒ ‒‒‒‒‒‒ ‒‒
‒‒‒ ‒‒‒‒‒‒‒‒‒‒‒ ‒‒‒‒‒‒‒‒ ‒‒ ‒‒‒‒‒‒ ‒‒‒‒ ‒‒‒‒‒‒‒‒ ‒‒‒‒‒‒‒‒ ‒‒‒‒‒‒‒‒ ‒‒‒‒ ‒‒‒‒ ‒‒‒‒‒ ‒‒‒‒ ‒‒‒‒‒‒‒‒ ‒‒‒‒ ‒‒‒‒‒‒‒ ‒‒ ‒‒‒‒‒‒ ‒‒‒
‒‒‒‒‒‒‒ ‒‒‒‒‒‒ ‒‒‒‒‒‒‒‒ ‒‒‒‒ ‒‒ ‒‒ ‒‒‒‒‒‒‒ ‒‒‒‒‒‒ ‒‒‒‒‒ ‒‒‒‒‒‒‒‒‒ ‒‒‒‒‒‒‒ ‒‒‒‒ ‒‒‒‒ ‒‒ ‒‒‒‒‒‒‒‒‒ ‒‒
‒‒‒ ‒‒‒‒‒‒‒‒‒ ‒‒‒‒‒‒ ‒‒‒‒ ‒‒‒‒‒‒‒‒‒‒‒ ‒‒‒‒‒‒‒ ‒‒‒‒‒‒‒ ‒‒‒ ‒‒‒ ‒‒‒‒ ‒‒‒ ‒‒‒‒‒‒‒‒‒ ‒‒‒‒‒‒‒‒‒‒‒ ‒‒‒‒‒‒‒ ‒‒‒‒ ‒‒‒‒‒‒‒ ‒‒‒‒‒

Agencija za državnu službu BiH

«Javni oglas za popunjavanje radnih mjesta državnih službenika u Zavodu za izvršenje krivičnih sankcija, pritvora i drugih mjera Bosne i Hercegovine»

71000 Sarajevo, Trg Bosne i Hercegovine 1

Ispunjavanje uslova utvrđenih ovim oglasom računa se danom predaje prijave. Nepotpune, neblagovremene i neuredne prijave, prijave kandidata koji ne ispunjavaju uslove iz javnog oglasa, kao i kopije traženih dokumenata koje nisu uredne, neće se uzimati u razmatranje.
